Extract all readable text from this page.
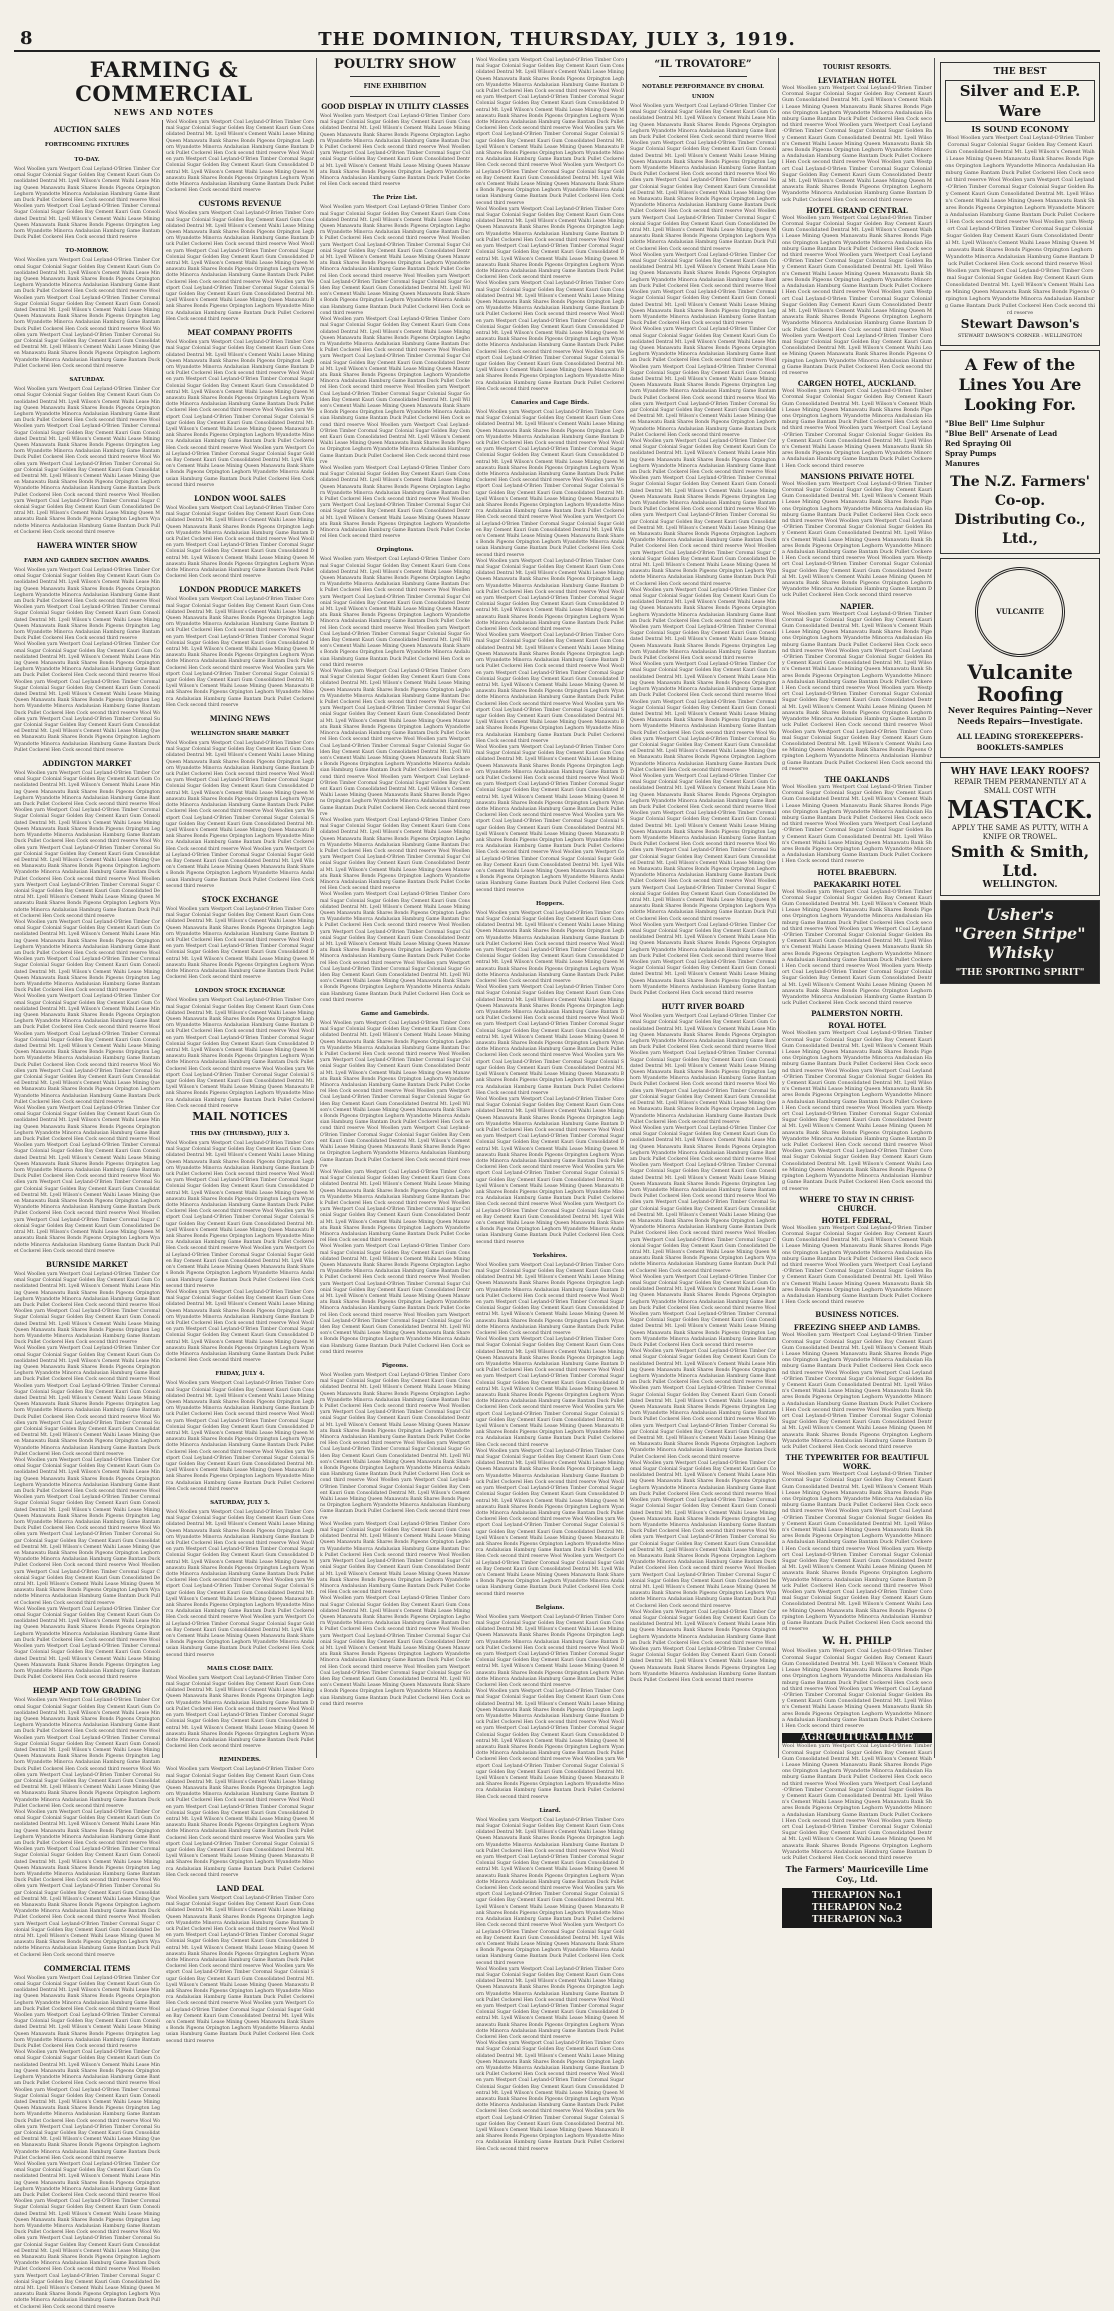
8	THE DOMINION, THURSDAY, JULY 3, 1919.
FARMING & COMMERCIAL
NEWS AND NOTES
AUCTION SALES
FORTHCOMING FIXTURES
TO-DAY.
Wool Woollen yarn Westport Coal Leyland-O'Brien Timber Coromal Sugar Colonial Sugar Golden Bay Cement Kauri Gum Consolidated Dentral Mt. Lyell Wilson's Cement Waihi Lease Mining Queen Manawatu Bank Shares Bonds Pigeons Orpington Leghorn Wyandotte Minorca Andalusian Hamburg Game Bantam Duck Pullet Cockerel Hen Cock second third reserve Wool Woollen yarn Westport Coal Leyland-O'Brien Timber Coromal Sugar Colonial Sugar Golden Bay Cement Kauri Gum Consolidated Dentral Mt. Lyell Wilson's Cement Waihi Lease Mining Queen Manawatu Bank Shares Bonds Pigeons Orpington Leghorn Wyandotte Minorca Andalusian Hamburg Game Bantam Duck Pullet Cockerel Hen Cock second third reserve
TO-MORROW.
Wool Woollen yarn Westport Coal Leyland-O'Brien Timber Coromal Sugar Colonial Sugar Golden Bay Cement Kauri Gum Consolidated Dentral Mt. Lyell Wilson's Cement Waihi Lease Mining Queen Manawatu Bank Shares Bonds Pigeons Orpington Leghorn Wyandotte Minorca Andalusian Hamburg Game Bantam Duck Pullet Cockerel Hen Cock second third reserve Wool Woollen yarn Westport Coal Leyland-O'Brien Timber Coromal Sugar Colonial Sugar Golden Bay Cement Kauri Gum Consolidated Dentral Mt. Lyell Wilson's Cement Waihi Lease Mining Queen Manawatu Bank Shares Bonds Pigeons Orpington Leghorn Wyandotte Minorca Andalusian Hamburg Game Bantam Duck Pullet Cockerel Hen Cock second third reserve Wool Woollen yarn Westport Coal Leyland-O'Brien Timber Coromal Sugar Colonial Sugar Golden Bay Cement Kauri Gum Consolidated Dentral Mt. Lyell Wilson's Cement Waihi Lease Mining Queen Manawatu Bank Shares Bonds Pigeons Orpington Leghorn Wyandotte Minorca Andalusian Hamburg Game Bantam Duck Pullet Cockerel Hen Cock second third reserve
SATURDAY.
Wool Woollen yarn Westport Coal Leyland-O'Brien Timber Coromal Sugar Colonial Sugar Golden Bay Cement Kauri Gum Consolidated Dentral Mt. Lyell Wilson's Cement Waihi Lease Mining Queen Manawatu Bank Shares Bonds Pigeons Orpington Leghorn Wyandotte Minorca Andalusian Hamburg Game Bantam Duck Pullet Cockerel Hen Cock second third reserve Wool Woollen yarn Westport Coal Leyland-O'Brien Timber Coromal Sugar Colonial Sugar Golden Bay Cement Kauri Gum Consolidated Dentral Mt. Lyell Wilson's Cement Waihi Lease Mining Queen Manawatu Bank Shares Bonds Pigeons Orpington Leghorn Wyandotte Minorca Andalusian Hamburg Game Bantam Duck Pullet Cockerel Hen Cock second third reserve Wool Woollen yarn Westport Coal Leyland-O'Brien Timber Coromal Sugar Colonial Sugar Golden Bay Cement Kauri Gum Consolidated Dentral Mt. Lyell Wilson's Cement Waihi Lease Mining Queen Manawatu Bank Shares Bonds Pigeons Orpington Leghorn Wyandotte Minorca Andalusian Hamburg Game Bantam Duck Pullet Cockerel Hen Cock second third reserve Wool Woollen yarn Westport Coal Leyland-O'Brien Timber Coromal Sugar Colonial Sugar Golden Bay Cement Kauri Gum Consolidated Dentral Mt. Lyell Wilson's Cement Waihi Lease Mining Queen Manawatu Bank Shares Bonds Pigeons Orpington Leghorn Wyandotte Minorca Andalusian Hamburg Game Bantam Duck Pullet Cockerel Hen Cock second third reserve
HAWERA WINTER SHOW
FARM AND GARDEN SECTION AWARDS.
Wool Woollen yarn Westport Coal Leyland-O'Brien Timber Coromal Sugar Colonial Sugar Golden Bay Cement Kauri Gum Consolidated Dentral Mt. Lyell Wilson's Cement Waihi Lease Mining Queen Manawatu Bank Shares Bonds Pigeons Orpington Leghorn Wyandotte Minorca Andalusian Hamburg Game Bantam Duck Pullet Cockerel Hen Cock second third reserve Wool Woollen yarn Westport Coal Leyland-O'Brien Timber Coromal Sugar Colonial Sugar Golden Bay Cement Kauri Gum Consolidated Dentral Mt. Lyell Wilson's Cement Waihi Lease Mining Queen Manawatu Bank Shares Bonds Pigeons Orpington Leghorn Wyandotte Minorca Andalusian Hamburg Game Bantam Duck Pullet Cockerel Hen Cock second third reserve
Wool Woollen yarn Westport Coal Leyland-O'Brien Timber Coromal Sugar Colonial Sugar Golden Bay Cement Kauri Gum Consolidated Dentral Mt. Lyell Wilson's Cement Waihi Lease Mining Queen Manawatu Bank Shares Bonds Pigeons Orpington Leghorn Wyandotte Minorca Andalusian Hamburg Game Bantam Duck Pullet Cockerel Hen Cock second third reserve Wool Woollen yarn Westport Coal Leyland-O'Brien Timber Coromal Sugar Colonial Sugar Golden Bay Cement Kauri Gum Consolidated Dentral Mt. Lyell Wilson's Cement Waihi Lease Mining Queen Manawatu Bank Shares Bonds Pigeons Orpington Leghorn Wyandotte Minorca Andalusian Hamburg Game Bantam Duck Pullet Cockerel Hen Cock second third reserve Wool Woollen yarn Westport Coal Leyland-O'Brien Timber Coromal Sugar Colonial Sugar Golden Bay Cement Kauri Gum Consolidated Dentral Mt. Lyell Wilson's Cement Waihi Lease Mining Queen Manawatu Bank Shares Bonds Pigeons Orpington Leghorn Wyandotte Minorca Andalusian Hamburg Game Bantam Duck Pullet Cockerel Hen Cock second third reserve
ADDINGTON MARKET
Wool Woollen yarn Westport Coal Leyland-O'Brien Timber Coromal Sugar Colonial Sugar Golden Bay Cement Kauri Gum Consolidated Dentral Mt. Lyell Wilson's Cement Waihi Lease Mining Queen Manawatu Bank Shares Bonds Pigeons Orpington Leghorn Wyandotte Minorca Andalusian Hamburg Game Bantam Duck Pullet Cockerel Hen Cock second third reserve Wool Woollen yarn Westport Coal Leyland-O'Brien Timber Coromal Sugar Colonial Sugar Golden Bay Cement Kauri Gum Consolidated Dentral Mt. Lyell Wilson's Cement Waihi Lease Mining Queen Manawatu Bank Shares Bonds Pigeons Orpington Leghorn Wyandotte Minorca Andalusian Hamburg Game Bantam Duck Pullet Cockerel Hen Cock second third reserve Wool Woollen yarn Westport Coal Leyland-O'Brien Timber Coromal Sugar Colonial Sugar Golden Bay Cement Kauri Gum Consolidated Dentral Mt. Lyell Wilson's Cement Waihi Lease Mining Queen Manawatu Bank Shares Bonds Pigeons Orpington Leghorn Wyandotte Minorca Andalusian Hamburg Game Bantam Duck Pullet Cockerel Hen Cock second third reserve Wool Woollen yarn Westport Coal Leyland-O'Brien Timber Coromal Sugar Colonial Sugar Golden Bay Cement Kauri Gum Consolidated Dentral Mt. Lyell Wilson's Cement Waihi Lease Mining Queen Manawatu Bank Shares Bonds Pigeons Orpington Leghorn Wyandotte Minorca Andalusian Hamburg Game Bantam Duck Pullet Cockerel Hen Cock second third reserve
Wool Woollen yarn Westport Coal Leyland-O'Brien Timber Coromal Sugar Colonial Sugar Golden Bay Cement Kauri Gum Consolidated Dentral Mt. Lyell Wilson's Cement Waihi Lease Mining Queen Manawatu Bank Shares Bonds Pigeons Orpington Leghorn Wyandotte Minorca Andalusian Hamburg Game Bantam Duck Pullet Cockerel Hen Cock second third reserve Wool Woollen yarn Westport Coal Leyland-O'Brien Timber Coromal Sugar Colonial Sugar Golden Bay Cement Kauri Gum Consolidated Dentral Mt. Lyell Wilson's Cement Waihi Lease Mining Queen Manawatu Bank Shares Bonds Pigeons Orpington Leghorn Wyandotte Minorca Andalusian Hamburg Game Bantam Duck Pullet Cockerel Hen Cock second third reserve
Wool Woollen yarn Westport Coal Leyland-O'Brien Timber Coromal Sugar Colonial Sugar Golden Bay Cement Kauri Gum Consolidated Dentral Mt. Lyell Wilson's Cement Waihi Lease Mining Queen Manawatu Bank Shares Bonds Pigeons Orpington Leghorn Wyandotte Minorca Andalusian Hamburg Game Bantam Duck Pullet Cockerel Hen Cock second third reserve Wool Woollen yarn Westport Coal Leyland-O'Brien Timber Coromal Sugar Colonial Sugar Golden Bay Cement Kauri Gum Consolidated Dentral Mt. Lyell Wilson's Cement Waihi Lease Mining Queen Manawatu Bank Shares Bonds Pigeons Orpington Leghorn Wyandotte Minorca Andalusian Hamburg Game Bantam Duck Pullet Cockerel Hen Cock second third reserve Wool Woollen yarn Westport Coal Leyland-O'Brien Timber Coromal Sugar Colonial Sugar Golden Bay Cement Kauri Gum Consolidated Dentral Mt. Lyell Wilson's Cement Waihi Lease Mining Queen Manawatu Bank Shares Bonds Pigeons Orpington Leghorn Wyandotte Minorca Andalusian Hamburg Game Bantam Duck Pullet Cockerel Hen Cock second third reserve
Wool Woollen yarn Westport Coal Leyland-O'Brien Timber Coromal Sugar Colonial Sugar Golden Bay Cement Kauri Gum Consolidated Dentral Mt. Lyell Wilson's Cement Waihi Lease Mining Queen Manawatu Bank Shares Bonds Pigeons Orpington Leghorn Wyandotte Minorca Andalusian Hamburg Game Bantam Duck Pullet Cockerel Hen Cock second third reserve Wool Woollen yarn Westport Coal Leyland-O'Brien Timber Coromal Sugar Colonial Sugar Golden Bay Cement Kauri Gum Consolidated Dentral Mt. Lyell Wilson's Cement Waihi Lease Mining Queen Manawatu Bank Shares Bonds Pigeons Orpington Leghorn Wyandotte Minorca Andalusian Hamburg Game Bantam Duck Pullet Cockerel Hen Cock second third reserve Wool Woollen yarn Westport Coal Leyland-O'Brien Timber Coromal Sugar Colonial Sugar Golden Bay Cement Kauri Gum Consolidated Dentral Mt. Lyell Wilson's Cement Waihi Lease Mining Queen Manawatu Bank Shares Bonds Pigeons Orpington Leghorn Wyandotte Minorca Andalusian Hamburg Game Bantam Duck Pullet Cockerel Hen Cock second third reserve Wool Woollen yarn Westport Coal Leyland-O'Brien Timber Coromal Sugar Colonial Sugar Golden Bay Cement Kauri Gum Consolidated Dentral Mt. Lyell Wilson's Cement Waihi Lease Mining Queen Manawatu Bank Shares Bonds Pigeons Orpington Leghorn Wyandotte Minorca Andalusian Hamburg Game Bantam Duck Pullet Cockerel Hen Cock second third reserve
BURNSIDE MARKET
Wool Woollen yarn Westport Coal Leyland-O'Brien Timber Coromal Sugar Colonial Sugar Golden Bay Cement Kauri Gum Consolidated Dentral Mt. Lyell Wilson's Cement Waihi Lease Mining Queen Manawatu Bank Shares Bonds Pigeons Orpington Leghorn Wyandotte Minorca Andalusian Hamburg Game Bantam Duck Pullet Cockerel Hen Cock second third reserve Wool Woollen yarn Westport Coal Leyland-O'Brien Timber Coromal Sugar Colonial Sugar Golden Bay Cement Kauri Gum Consolidated Dentral Mt. Lyell Wilson's Cement Waihi Lease Mining Queen Manawatu Bank Shares Bonds Pigeons Orpington Leghorn Wyandotte Minorca Andalusian Hamburg Game Bantam Duck Pullet Cockerel Hen Cock second third reserve
Wool Woollen yarn Westport Coal Leyland-O'Brien Timber Coromal Sugar Colonial Sugar Golden Bay Cement Kauri Gum Consolidated Dentral Mt. Lyell Wilson's Cement Waihi Lease Mining Queen Manawatu Bank Shares Bonds Pigeons Orpington Leghorn Wyandotte Minorca Andalusian Hamburg Game Bantam Duck Pullet Cockerel Hen Cock second third reserve Wool Woollen yarn Westport Coal Leyland-O'Brien Timber Coromal Sugar Colonial Sugar Golden Bay Cement Kauri Gum Consolidated Dentral Mt. Lyell Wilson's Cement Waihi Lease Mining Queen Manawatu Bank Shares Bonds Pigeons Orpington Leghorn Wyandotte Minorca Andalusian Hamburg Game Bantam Duck Pullet Cockerel Hen Cock second third reserve Wool Woollen yarn Westport Coal Leyland-O'Brien Timber Coromal Sugar Colonial Sugar Golden Bay Cement Kauri Gum Consolidated Dentral Mt. Lyell Wilson's Cement Waihi Lease Mining Queen Manawatu Bank Shares Bonds Pigeons Orpington Leghorn Wyandotte Minorca Andalusian Hamburg Game Bantam Duck Pullet Cockerel Hen Cock second third reserve
Wool Woollen yarn Westport Coal Leyland-O'Brien Timber Coromal Sugar Colonial Sugar Golden Bay Cement Kauri Gum Consolidated Dentral Mt. Lyell Wilson's Cement Waihi Lease Mining Queen Manawatu Bank Shares Bonds Pigeons Orpington Leghorn Wyandotte Minorca Andalusian Hamburg Game Bantam Duck Pullet Cockerel Hen Cock second third reserve Wool Woollen yarn Westport Coal Leyland-O'Brien Timber Coromal Sugar Colonial Sugar Golden Bay Cement Kauri Gum Consolidated Dentral Mt. Lyell Wilson's Cement Waihi Lease Mining Queen Manawatu Bank Shares Bonds Pigeons Orpington Leghorn Wyandotte Minorca Andalusian Hamburg Game Bantam Duck Pullet Cockerel Hen Cock second third reserve Wool Woollen yarn Westport Coal Leyland-O'Brien Timber Coromal Sugar Colonial Sugar Golden Bay Cement Kauri Gum Consolidated Dentral Mt. Lyell Wilson's Cement Waihi Lease Mining Queen Manawatu Bank Shares Bonds Pigeons Orpington Leghorn Wyandotte Minorca Andalusian Hamburg Game Bantam Duck Pullet Cockerel Hen Cock second third reserve Wool Woollen yarn Westport Coal Leyland-O'Brien Timber Coromal Sugar Colonial Sugar Golden Bay Cement Kauri Gum Consolidated Dentral Mt. Lyell Wilson's Cement Waihi Lease Mining Queen Manawatu Bank Shares Bonds Pigeons Orpington Leghorn Wyandotte Minorca Andalusian Hamburg Game Bantam Duck Pullet Cockerel Hen Cock second third reserve
Wool Woollen yarn Westport Coal Leyland-O'Brien Timber Coromal Sugar Colonial Sugar Golden Bay Cement Kauri Gum Consolidated Dentral Mt. Lyell Wilson's Cement Waihi Lease Mining Queen Manawatu Bank Shares Bonds Pigeons Orpington Leghorn Wyandotte Minorca Andalusian Hamburg Game Bantam Duck Pullet Cockerel Hen Cock second third reserve Wool Woollen yarn Westport Coal Leyland-O'Brien Timber Coromal Sugar Colonial Sugar Golden Bay Cement Kauri Gum Consolidated Dentral Mt. Lyell Wilson's Cement Waihi Lease Mining Queen Manawatu Bank Shares Bonds Pigeons Orpington Leghorn Wyandotte Minorca Andalusian Hamburg Game Bantam Duck Pullet Cockerel Hen Cock second third reserve
HEMP AND TOW GRADING
Wool Woollen yarn Westport Coal Leyland-O'Brien Timber Coromal Sugar Colonial Sugar Golden Bay Cement Kauri Gum Consolidated Dentral Mt. Lyell Wilson's Cement Waihi Lease Mining Queen Manawatu Bank Shares Bonds Pigeons Orpington Leghorn Wyandotte Minorca Andalusian Hamburg Game Bantam Duck Pullet Cockerel Hen Cock second third reserve Wool Woollen yarn Westport Coal Leyland-O'Brien Timber Coromal Sugar Colonial Sugar Golden Bay Cement Kauri Gum Consolidated Dentral Mt. Lyell Wilson's Cement Waihi Lease Mining Queen Manawatu Bank Shares Bonds Pigeons Orpington Leghorn Wyandotte Minorca Andalusian Hamburg Game Bantam Duck Pullet Cockerel Hen Cock second third reserve Wool Woollen yarn Westport Coal Leyland-O'Brien Timber Coromal Sugar Colonial Sugar Golden Bay Cement Kauri Gum Consolidated Dentral Mt. Lyell Wilson's Cement Waihi Lease Mining Queen Manawatu Bank Shares Bonds Pigeons Orpington Leghorn Wyandotte Minorca Andalusian Hamburg Game Bantam Duck Pullet Cockerel Hen Cock second third reserve
Wool Woollen yarn Westport Coal Leyland-O'Brien Timber Coromal Sugar Colonial Sugar Golden Bay Cement Kauri Gum Consolidated Dentral Mt. Lyell Wilson's Cement Waihi Lease Mining Queen Manawatu Bank Shares Bonds Pigeons Orpington Leghorn Wyandotte Minorca Andalusian Hamburg Game Bantam Duck Pullet Cockerel Hen Cock second third reserve Wool Woollen yarn Westport Coal Leyland-O'Brien Timber Coromal Sugar Colonial Sugar Golden Bay Cement Kauri Gum Consolidated Dentral Mt. Lyell Wilson's Cement Waihi Lease Mining Queen Manawatu Bank Shares Bonds Pigeons Orpington Leghorn Wyandotte Minorca Andalusian Hamburg Game Bantam Duck Pullet Cockerel Hen Cock second third reserve Wool Woollen yarn Westport Coal Leyland-O'Brien Timber Coromal Sugar Colonial Sugar Golden Bay Cement Kauri Gum Consolidated Dentral Mt. Lyell Wilson's Cement Waihi Lease Mining Queen Manawatu Bank Shares Bonds Pigeons Orpington Leghorn Wyandotte Minorca Andalusian Hamburg Game Bantam Duck Pullet Cockerel Hen Cock second third reserve Wool Woollen yarn Westport Coal Leyland-O'Brien Timber Coromal Sugar Colonial Sugar Golden Bay Cement Kauri Gum Consolidated Dentral Mt. Lyell Wilson's Cement Waihi Lease Mining Queen Manawatu Bank Shares Bonds Pigeons Orpington Leghorn Wyandotte Minorca Andalusian Hamburg Game Bantam Duck Pullet Cockerel Hen Cock second third reserve
COMMERCIAL ITEMS
Wool Woollen yarn Westport Coal Leyland-O'Brien Timber Coromal Sugar Colonial Sugar Golden Bay Cement Kauri Gum Consolidated Dentral Mt. Lyell Wilson's Cement Waihi Lease Mining Queen Manawatu Bank Shares Bonds Pigeons Orpington Leghorn Wyandotte Minorca Andalusian Hamburg Game Bantam Duck Pullet Cockerel Hen Cock second third reserve Wool Woollen yarn Westport Coal Leyland-O'Brien Timber Coromal Sugar Colonial Sugar Golden Bay Cement Kauri Gum Consolidated Dentral Mt. Lyell Wilson's Cement Waihi Lease Mining Queen Manawatu Bank Shares Bonds Pigeons Orpington Leghorn Wyandotte Minorca Andalusian Hamburg Game Bantam Duck Pullet Cockerel Hen Cock second third reserve
Wool Woollen yarn Westport Coal Leyland-O'Brien Timber Coromal Sugar Colonial Sugar Golden Bay Cement Kauri Gum Consolidated Dentral Mt. Lyell Wilson's Cement Waihi Lease Mining Queen Manawatu Bank Shares Bonds Pigeons Orpington Leghorn Wyandotte Minorca Andalusian Hamburg Game Bantam Duck Pullet Cockerel Hen Cock second third reserve Wool Woollen yarn Westport Coal Leyland-O'Brien Timber Coromal Sugar Colonial Sugar Golden Bay Cement Kauri Gum Consolidated Dentral Mt. Lyell Wilson's Cement Waihi Lease Mining Queen Manawatu Bank Shares Bonds Pigeons Orpington Leghorn Wyandotte Minorca Andalusian Hamburg Game Bantam Duck Pullet Cockerel Hen Cock second third reserve Wool Woollen yarn Westport Coal Leyland-O'Brien Timber Coromal Sugar Colonial Sugar Golden Bay Cement Kauri Gum Consolidated Dentral Mt. Lyell Wilson's Cement Waihi Lease Mining Queen Manawatu Bank Shares Bonds Pigeons Orpington Leghorn Wyandotte Minorca Andalusian Hamburg Game Bantam Duck Pullet Cockerel Hen Cock second third reserve
Wool Woollen yarn Westport Coal Leyland-O'Brien Timber Coromal Sugar Colonial Sugar Golden Bay Cement Kauri Gum Consolidated Dentral Mt. Lyell Wilson's Cement Waihi Lease Mining Queen Manawatu Bank Shares Bonds Pigeons Orpington Leghorn Wyandotte Minorca Andalusian Hamburg Game Bantam Duck Pullet Cockerel Hen Cock second third reserve Wool Woollen yarn Westport Coal Leyland-O'Brien Timber Coromal Sugar Colonial Sugar Golden Bay Cement Kauri Gum Consolidated Dentral Mt. Lyell Wilson's Cement Waihi Lease Mining Queen Manawatu Bank Shares Bonds Pigeons Orpington Leghorn Wyandotte Minorca Andalusian Hamburg Game Bantam Duck Pullet Cockerel Hen Cock second third reserve Wool Woollen yarn Westport Coal Leyland-O'Brien Timber Coromal Sugar Colonial Sugar Golden Bay Cement Kauri Gum Consolidated Dentral Mt. Lyell Wilson's Cement Waihi Lease Mining Queen Manawatu Bank Shares Bonds Pigeons Orpington Leghorn Wyandotte Minorca Andalusian Hamburg Game Bantam Duck Pullet Cockerel Hen Cock second third reserve Wool Woollen yarn Westport Coal Leyland-O'Brien Timber Coromal Sugar Colonial Sugar Golden Bay Cement Kauri Gum Consolidated Dentral Mt. Lyell Wilson's Cement Waihi Lease Mining Queen Manawatu Bank Shares Bonds Pigeons Orpington Leghorn Wyandotte Minorca Andalusian Hamburg Game Bantam Duck Pullet Cockerel Hen Cock second third reserve
Wool Woollen yarn Westport Coal Leyland-O'Brien Timber Coromal Sugar Colonial Sugar Golden Bay Cement Kauri Gum Consolidated Dentral Mt. Lyell Wilson's Cement Waihi Lease Mining Queen Manawatu Bank Shares Bonds Pigeons Orpington Leghorn Wyandotte Minorca Andalusian Hamburg Game Bantam Duck Pullet Cockerel Hen Cock second third reserve Wool Woollen yarn Westport Coal Leyland-O'Brien Timber Coromal Sugar Colonial Sugar Golden Bay Cement Kauri Gum Consolidated Dentral Mt. Lyell Wilson's Cement Waihi Lease Mining Queen Manawatu Bank Shares Bonds Pigeons Orpington Leghorn Wyandotte Minorca Andalusian Hamburg Game Bantam Duck Pullet Cockerel Hen Cock second third reserve
CUSTOMS REVENUE
Wool Woollen yarn Westport Coal Leyland-O'Brien Timber Coromal Sugar Colonial Sugar Golden Bay Cement Kauri Gum Consolidated Dentral Mt. Lyell Wilson's Cement Waihi Lease Mining Queen Manawatu Bank Shares Bonds Pigeons Orpington Leghorn Wyandotte Minorca Andalusian Hamburg Game Bantam Duck Pullet Cockerel Hen Cock second third reserve Wool Woollen yarn Westport Coal Leyland-O'Brien Timber Coromal Sugar Colonial Sugar Golden Bay Cement Kauri Gum Consolidated Dentral Mt. Lyell Wilson's Cement Waihi Lease Mining Queen Manawatu Bank Shares Bonds Pigeons Orpington Leghorn Wyandotte Minorca Andalusian Hamburg Game Bantam Duck Pullet Cockerel Hen Cock second third reserve Wool Woollen yarn Westport Coal Leyland-O'Brien Timber Coromal Sugar Colonial Sugar Golden Bay Cement Kauri Gum Consolidated Dentral Mt. Lyell Wilson's Cement Waihi Lease Mining Queen Manawatu Bank Shares Bonds Pigeons Orpington Leghorn Wyandotte Minorca Andalusian Hamburg Game Bantam Duck Pullet Cockerel Hen Cock second third reserve
MEAT COMPANY PROFITS
Wool Woollen yarn Westport Coal Leyland-O'Brien Timber Coromal Sugar Colonial Sugar Golden Bay Cement Kauri Gum Consolidated Dentral Mt. Lyell Wilson's Cement Waihi Lease Mining Queen Manawatu Bank Shares Bonds Pigeons Orpington Leghorn Wyandotte Minorca Andalusian Hamburg Game Bantam Duck Pullet Cockerel Hen Cock second third reserve Wool Woollen yarn Westport Coal Leyland-O'Brien Timber Coromal Sugar Colonial Sugar Golden Bay Cement Kauri Gum Consolidated Dentral Mt. Lyell Wilson's Cement Waihi Lease Mining Queen Manawatu Bank Shares Bonds Pigeons Orpington Leghorn Wyandotte Minorca Andalusian Hamburg Game Bantam Duck Pullet Cockerel Hen Cock second third reserve Wool Woollen yarn Westport Coal Leyland-O'Brien Timber Coromal Sugar Colonial Sugar Golden Bay Cement Kauri Gum Consolidated Dentral Mt. Lyell Wilson's Cement Waihi Lease Mining Queen Manawatu Bank Shares Bonds Pigeons Orpington Leghorn Wyandotte Minorca Andalusian Hamburg Game Bantam Duck Pullet Cockerel Hen Cock second third reserve Wool Woollen yarn Westport Coal Leyland-O'Brien Timber Coromal Sugar Colonial Sugar Golden Bay Cement Kauri Gum Consolidated Dentral Mt. Lyell Wilson's Cement Waihi Lease Mining Queen Manawatu Bank Shares Bonds Pigeons Orpington Leghorn Wyandotte Minorca Andalusian Hamburg Game Bantam Duck Pullet Cockerel Hen Cock second third reserve
LONDON WOOL SALES
Wool Woollen yarn Westport Coal Leyland-O'Brien Timber Coromal Sugar Colonial Sugar Golden Bay Cement Kauri Gum Consolidated Dentral Mt. Lyell Wilson's Cement Waihi Lease Mining Queen Manawatu Bank Shares Bonds Pigeons Orpington Leghorn Wyandotte Minorca Andalusian Hamburg Game Bantam Duck Pullet Cockerel Hen Cock second third reserve Wool Woollen yarn Westport Coal Leyland-O'Brien Timber Coromal Sugar Colonial Sugar Golden Bay Cement Kauri Gum Consolidated Dentral Mt. Lyell Wilson's Cement Waihi Lease Mining Queen Manawatu Bank Shares Bonds Pigeons Orpington Leghorn Wyandotte Minorca Andalusian Hamburg Game Bantam Duck Pullet Cockerel Hen Cock second third reserve
LONDON PRODUCE MARKETS
Wool Woollen yarn Westport Coal Leyland-O'Brien Timber Coromal Sugar Colonial Sugar Golden Bay Cement Kauri Gum Consolidated Dentral Mt. Lyell Wilson's Cement Waihi Lease Mining Queen Manawatu Bank Shares Bonds Pigeons Orpington Leghorn Wyandotte Minorca Andalusian Hamburg Game Bantam Duck Pullet Cockerel Hen Cock second third reserve Wool Woollen yarn Westport Coal Leyland-O'Brien Timber Coromal Sugar Colonial Sugar Golden Bay Cement Kauri Gum Consolidated Dentral Mt. Lyell Wilson's Cement Waihi Lease Mining Queen Manawatu Bank Shares Bonds Pigeons Orpington Leghorn Wyandotte Minorca Andalusian Hamburg Game Bantam Duck Pullet Cockerel Hen Cock second third reserve Wool Woollen yarn Westport Coal Leyland-O'Brien Timber Coromal Sugar Colonial Sugar Golden Bay Cement Kauri Gum Consolidated Dentral Mt. Lyell Wilson's Cement Waihi Lease Mining Queen Manawatu Bank Shares Bonds Pigeons Orpington Leghorn Wyandotte Minorca Andalusian Hamburg Game Bantam Duck Pullet Cockerel Hen Cock second third reserve
MINING NEWS
WELLINGTON SHARE MARKET
Wool Woollen yarn Westport Coal Leyland-O'Brien Timber Coromal Sugar Colonial Sugar Golden Bay Cement Kauri Gum Consolidated Dentral Mt. Lyell Wilson's Cement Waihi Lease Mining Queen Manawatu Bank Shares Bonds Pigeons Orpington Leghorn Wyandotte Minorca Andalusian Hamburg Game Bantam Duck Pullet Cockerel Hen Cock second third reserve Wool Woollen yarn Westport Coal Leyland-O'Brien Timber Coromal Sugar Colonial Sugar Golden Bay Cement Kauri Gum Consolidated Dentral Mt. Lyell Wilson's Cement Waihi Lease Mining Queen Manawatu Bank Shares Bonds Pigeons Orpington Leghorn Wyandotte Minorca Andalusian Hamburg Game Bantam Duck Pullet Cockerel Hen Cock second third reserve Wool Woollen yarn Westport Coal Leyland-O'Brien Timber Coromal Sugar Colonial Sugar Golden Bay Cement Kauri Gum Consolidated Dentral Mt. Lyell Wilson's Cement Waihi Lease Mining Queen Manawatu Bank Shares Bonds Pigeons Orpington Leghorn Wyandotte Minorca Andalusian Hamburg Game Bantam Duck Pullet Cockerel Hen Cock second third reserve Wool Woollen yarn Westport Coal Leyland-O'Brien Timber Coromal Sugar Colonial Sugar Golden Bay Cement Kauri Gum Consolidated Dentral Mt. Lyell Wilson's Cement Waihi Lease Mining Queen Manawatu Bank Shares Bonds Pigeons Orpington Leghorn Wyandotte Minorca Andalusian Hamburg Game Bantam Duck Pullet Cockerel Hen Cock second third reserve
STOCK EXCHANGE
Wool Woollen yarn Westport Coal Leyland-O'Brien Timber Coromal Sugar Colonial Sugar Golden Bay Cement Kauri Gum Consolidated Dentral Mt. Lyell Wilson's Cement Waihi Lease Mining Queen Manawatu Bank Shares Bonds Pigeons Orpington Leghorn Wyandotte Minorca Andalusian Hamburg Game Bantam Duck Pullet Cockerel Hen Cock second third reserve Wool Woollen yarn Westport Coal Leyland-O'Brien Timber Coromal Sugar Colonial Sugar Golden Bay Cement Kauri Gum Consolidated Dentral Mt. Lyell Wilson's Cement Waihi Lease Mining Queen Manawatu Bank Shares Bonds Pigeons Orpington Leghorn Wyandotte Minorca Andalusian Hamburg Game Bantam Duck Pullet Cockerel Hen Cock second third reserve
LONDON STOCK EXCHANGE
Wool Woollen yarn Westport Coal Leyland-O'Brien Timber Coromal Sugar Colonial Sugar Golden Bay Cement Kauri Gum Consolidated Dentral Mt. Lyell Wilson's Cement Waihi Lease Mining Queen Manawatu Bank Shares Bonds Pigeons Orpington Leghorn Wyandotte Minorca Andalusian Hamburg Game Bantam Duck Pullet Cockerel Hen Cock second third reserve Wool Woollen yarn Westport Coal Leyland-O'Brien Timber Coromal Sugar Colonial Sugar Golden Bay Cement Kauri Gum Consolidated Dentral Mt. Lyell Wilson's Cement Waihi Lease Mining Queen Manawatu Bank Shares Bonds Pigeons Orpington Leghorn Wyandotte Minorca Andalusian Hamburg Game Bantam Duck Pullet Cockerel Hen Cock second third reserve Wool Woollen yarn Westport Coal Leyland-O'Brien Timber Coromal Sugar Colonial Sugar Golden Bay Cement Kauri Gum Consolidated Dentral Mt. Lyell Wilson's Cement Waihi Lease Mining Queen Manawatu Bank Shares Bonds Pigeons Orpington Leghorn Wyandotte Minorca Andalusian Hamburg Game Bantam Duck Pullet Cockerel Hen Cock second third reserve
MAIL NOTICES
THIS DAY (THURSDAY), JULY 3.
Wool Woollen yarn Westport Coal Leyland-O'Brien Timber Coromal Sugar Colonial Sugar Golden Bay Cement Kauri Gum Consolidated Dentral Mt. Lyell Wilson's Cement Waihi Lease Mining Queen Manawatu Bank Shares Bonds Pigeons Orpington Leghorn Wyandotte Minorca Andalusian Hamburg Game Bantam Duck Pullet Cockerel Hen Cock second third reserve Wool Woollen yarn Westport Coal Leyland-O'Brien Timber Coromal Sugar Colonial Sugar Golden Bay Cement Kauri Gum Consolidated Dentral Mt. Lyell Wilson's Cement Waihi Lease Mining Queen Manawatu Bank Shares Bonds Pigeons Orpington Leghorn Wyandotte Minorca Andalusian Hamburg Game Bantam Duck Pullet Cockerel Hen Cock second third reserve Wool Woollen yarn Westport Coal Leyland-O'Brien Timber Coromal Sugar Colonial Sugar Golden Bay Cement Kauri Gum Consolidated Dentral Mt. Lyell Wilson's Cement Waihi Lease Mining Queen Manawatu Bank Shares Bonds Pigeons Orpington Leghorn Wyandotte Minorca Andalusian Hamburg Game Bantam Duck Pullet Cockerel Hen Cock second third reserve Wool Woollen yarn Westport Coal Leyland-O'Brien Timber Coromal Sugar Colonial Sugar Golden Bay Cement Kauri Gum Consolidated Dentral Mt. Lyell Wilson's Cement Waihi Lease Mining Queen Manawatu Bank Shares Bonds Pigeons Orpington Leghorn Wyandotte Minorca Andalusian Hamburg Game Bantam Duck Pullet Cockerel Hen Cock second third reserve
Wool Woollen yarn Westport Coal Leyland-O'Brien Timber Coromal Sugar Colonial Sugar Golden Bay Cement Kauri Gum Consolidated Dentral Mt. Lyell Wilson's Cement Waihi Lease Mining Queen Manawatu Bank Shares Bonds Pigeons Orpington Leghorn Wyandotte Minorca Andalusian Hamburg Game Bantam Duck Pullet Cockerel Hen Cock second third reserve Wool Woollen yarn Westport Coal Leyland-O'Brien Timber Coromal Sugar Colonial Sugar Golden Bay Cement Kauri Gum Consolidated Dentral Mt. Lyell Wilson's Cement Waihi Lease Mining Queen Manawatu Bank Shares Bonds Pigeons Orpington Leghorn Wyandotte Minorca Andalusian Hamburg Game Bantam Duck Pullet Cockerel Hen Cock second third reserve
FRIDAY, JULY 4.
Wool Woollen yarn Westport Coal Leyland-O'Brien Timber Coromal Sugar Colonial Sugar Golden Bay Cement Kauri Gum Consolidated Dentral Mt. Lyell Wilson's Cement Waihi Lease Mining Queen Manawatu Bank Shares Bonds Pigeons Orpington Leghorn Wyandotte Minorca Andalusian Hamburg Game Bantam Duck Pullet Cockerel Hen Cock second third reserve Wool Woollen yarn Westport Coal Leyland-O'Brien Timber Coromal Sugar Colonial Sugar Golden Bay Cement Kauri Gum Consolidated Dentral Mt. Lyell Wilson's Cement Waihi Lease Mining Queen Manawatu Bank Shares Bonds Pigeons Orpington Leghorn Wyandotte Minorca Andalusian Hamburg Game Bantam Duck Pullet Cockerel Hen Cock second third reserve Wool Woollen yarn Westport Coal Leyland-O'Brien Timber Coromal Sugar Colonial Sugar Golden Bay Cement Kauri Gum Consolidated Dentral Mt. Lyell Wilson's Cement Waihi Lease Mining Queen Manawatu Bank Shares Bonds Pigeons Orpington Leghorn Wyandotte Minorca Andalusian Hamburg Game Bantam Duck Pullet Cockerel Hen Cock second third reserve
SATURDAY, JULY 5.
Wool Woollen yarn Westport Coal Leyland-O'Brien Timber Coromal Sugar Colonial Sugar Golden Bay Cement Kauri Gum Consolidated Dentral Mt. Lyell Wilson's Cement Waihi Lease Mining Queen Manawatu Bank Shares Bonds Pigeons Orpington Leghorn Wyandotte Minorca Andalusian Hamburg Game Bantam Duck Pullet Cockerel Hen Cock second third reserve Wool Woollen yarn Westport Coal Leyland-O'Brien Timber Coromal Sugar Colonial Sugar Golden Bay Cement Kauri Gum Consolidated Dentral Mt. Lyell Wilson's Cement Waihi Lease Mining Queen Manawatu Bank Shares Bonds Pigeons Orpington Leghorn Wyandotte Minorca Andalusian Hamburg Game Bantam Duck Pullet Cockerel Hen Cock second third reserve Wool Woollen yarn Westport Coal Leyland-O'Brien Timber Coromal Sugar Colonial Sugar Golden Bay Cement Kauri Gum Consolidated Dentral Mt. Lyell Wilson's Cement Waihi Lease Mining Queen Manawatu Bank Shares Bonds Pigeons Orpington Leghorn Wyandotte Minorca Andalusian Hamburg Game Bantam Duck Pullet Cockerel Hen Cock second third reserve Wool Woollen yarn Westport Coal Leyland-O'Brien Timber Coromal Sugar Colonial Sugar Golden Bay Cement Kauri Gum Consolidated Dentral Mt. Lyell Wilson's Cement Waihi Lease Mining Queen Manawatu Bank Shares Bonds Pigeons Orpington Leghorn Wyandotte Minorca Andalusian Hamburg Game Bantam Duck Pullet Cockerel Hen Cock second third reserve
MAILS CLOSE DAILY.
Wool Woollen yarn Westport Coal Leyland-O'Brien Timber Coromal Sugar Colonial Sugar Golden Bay Cement Kauri Gum Consolidated Dentral Mt. Lyell Wilson's Cement Waihi Lease Mining Queen Manawatu Bank Shares Bonds Pigeons Orpington Leghorn Wyandotte Minorca Andalusian Hamburg Game Bantam Duck Pullet Cockerel Hen Cock second third reserve Wool Woollen yarn Westport Coal Leyland-O'Brien Timber Coromal Sugar Colonial Sugar Golden Bay Cement Kauri Gum Consolidated Dentral Mt. Lyell Wilson's Cement Waihi Lease Mining Queen Manawatu Bank Shares Bonds Pigeons Orpington Leghorn Wyandotte Minorca Andalusian Hamburg Game Bantam Duck Pullet Cockerel Hen Cock second third reserve
REMINDERS.
Wool Woollen yarn Westport Coal Leyland-O'Brien Timber Coromal Sugar Colonial Sugar Golden Bay Cement Kauri Gum Consolidated Dentral Mt. Lyell Wilson's Cement Waihi Lease Mining Queen Manawatu Bank Shares Bonds Pigeons Orpington Leghorn Wyandotte Minorca Andalusian Hamburg Game Bantam Duck Pullet Cockerel Hen Cock second third reserve Wool Woollen yarn Westport Coal Leyland-O'Brien Timber Coromal Sugar Colonial Sugar Golden Bay Cement Kauri Gum Consolidated Dentral Mt. Lyell Wilson's Cement Waihi Lease Mining Queen Manawatu Bank Shares Bonds Pigeons Orpington Leghorn Wyandotte Minorca Andalusian Hamburg Game Bantam Duck Pullet Cockerel Hen Cock second third reserve Wool Woollen yarn Westport Coal Leyland-O'Brien Timber Coromal Sugar Colonial Sugar Golden Bay Cement Kauri Gum Consolidated Dentral Mt. Lyell Wilson's Cement Waihi Lease Mining Queen Manawatu Bank Shares Bonds Pigeons Orpington Leghorn Wyandotte Minorca Andalusian Hamburg Game Bantam Duck Pullet Cockerel Hen Cock second third reserve
LAND DEAL
Wool Woollen yarn Westport Coal Leyland-O'Brien Timber Coromal Sugar Colonial Sugar Golden Bay Cement Kauri Gum Consolidated Dentral Mt. Lyell Wilson's Cement Waihi Lease Mining Queen Manawatu Bank Shares Bonds Pigeons Orpington Leghorn Wyandotte Minorca Andalusian Hamburg Game Bantam Duck Pullet Cockerel Hen Cock second third reserve Wool Woollen yarn Westport Coal Leyland-O'Brien Timber Coromal Sugar Colonial Sugar Golden Bay Cement Kauri Gum Consolidated Dentral Mt. Lyell Wilson's Cement Waihi Lease Mining Queen Manawatu Bank Shares Bonds Pigeons Orpington Leghorn Wyandotte Minorca Andalusian Hamburg Game Bantam Duck Pullet Cockerel Hen Cock second third reserve Wool Woollen yarn Westport Coal Leyland-O'Brien Timber Coromal Sugar Colonial Sugar Golden Bay Cement Kauri Gum Consolidated Dentral Mt. Lyell Wilson's Cement Waihi Lease Mining Queen Manawatu Bank Shares Bonds Pigeons Orpington Leghorn Wyandotte Minorca Andalusian Hamburg Game Bantam Duck Pullet Cockerel Hen Cock second third reserve Wool Woollen yarn Westport Coal Leyland-O'Brien Timber Coromal Sugar Colonial Sugar Golden Bay Cement Kauri Gum Consolidated Dentral Mt. Lyell Wilson's Cement Waihi Lease Mining Queen Manawatu Bank Shares Bonds Pigeons Orpington Leghorn Wyandotte Minorca Andalusian Hamburg Game Bantam Duck Pullet Cockerel Hen Cock second third reserve
POULTRY SHOW
FINE EXHIBITION
GOOD DISPLAY IN UTILITY CLASSES
Wool Woollen yarn Westport Coal Leyland-O'Brien Timber Coromal Sugar Colonial Sugar Golden Bay Cement Kauri Gum Consolidated Dentral Mt. Lyell Wilson's Cement Waihi Lease Mining Queen Manawatu Bank Shares Bonds Pigeons Orpington Leghorn Wyandotte Minorca Andalusian Hamburg Game Bantam Duck Pullet Cockerel Hen Cock second third reserve Wool Woollen yarn Westport Coal Leyland-O'Brien Timber Coromal Sugar Colonial Sugar Golden Bay Cement Kauri Gum Consolidated Dentral Mt. Lyell Wilson's Cement Waihi Lease Mining Queen Manawatu Bank Shares Bonds Pigeons Orpington Leghorn Wyandotte Minorca Andalusian Hamburg Game Bantam Duck Pullet Cockerel Hen Cock second third reserve
The Prize List.
Wool Woollen yarn Westport Coal Leyland-O'Brien Timber Coromal Sugar Colonial Sugar Golden Bay Cement Kauri Gum Consolidated Dentral Mt. Lyell Wilson's Cement Waihi Lease Mining Queen Manawatu Bank Shares Bonds Pigeons Orpington Leghorn Wyandotte Minorca Andalusian Hamburg Game Bantam Duck Pullet Cockerel Hen Cock second third reserve Wool Woollen yarn Westport Coal Leyland-O'Brien Timber Coromal Sugar Colonial Sugar Golden Bay Cement Kauri Gum Consolidated Dentral Mt. Lyell Wilson's Cement Waihi Lease Mining Queen Manawatu Bank Shares Bonds Pigeons Orpington Leghorn Wyandotte Minorca Andalusian Hamburg Game Bantam Duck Pullet Cockerel Hen Cock second third reserve Wool Woollen yarn Westport Coal Leyland-O'Brien Timber Coromal Sugar Colonial Sugar Golden Bay Cement Kauri Gum Consolidated Dentral Mt. Lyell Wilson's Cement Waihi Lease Mining Queen Manawatu Bank Shares Bonds Pigeons Orpington Leghorn Wyandotte Minorca Andalusian Hamburg Game Bantam Duck Pullet Cockerel Hen Cock second third reserve
Wool Woollen yarn Westport Coal Leyland-O'Brien Timber Coromal Sugar Colonial Sugar Golden Bay Cement Kauri Gum Consolidated Dentral Mt. Lyell Wilson's Cement Waihi Lease Mining Queen Manawatu Bank Shares Bonds Pigeons Orpington Leghorn Wyandotte Minorca Andalusian Hamburg Game Bantam Duck Pullet Cockerel Hen Cock second third reserve Wool Woollen yarn Westport Coal Leyland-O'Brien Timber Coromal Sugar Colonial Sugar Golden Bay Cement Kauri Gum Consolidated Dentral Mt. Lyell Wilson's Cement Waihi Lease Mining Queen Manawatu Bank Shares Bonds Pigeons Orpington Leghorn Wyandotte Minorca Andalusian Hamburg Game Bantam Duck Pullet Cockerel Hen Cock second third reserve Wool Woollen yarn Westport Coal Leyland-O'Brien Timber Coromal Sugar Colonial Sugar Golden Bay Cement Kauri Gum Consolidated Dentral Mt. Lyell Wilson's Cement Waihi Lease Mining Queen Manawatu Bank Shares Bonds Pigeons Orpington Leghorn Wyandotte Minorca Andalusian Hamburg Game Bantam Duck Pullet Cockerel Hen Cock second third reserve Wool Woollen yarn Westport Coal Leyland-O'Brien Timber Coromal Sugar Colonial Sugar Golden Bay Cement Kauri Gum Consolidated Dentral Mt. Lyell Wilson's Cement Waihi Lease Mining Queen Manawatu Bank Shares Bonds Pigeons Orpington Leghorn Wyandotte Minorca Andalusian Hamburg Game Bantam Duck Pullet Cockerel Hen Cock second third reserve
Wool Woollen yarn Westport Coal Leyland-O'Brien Timber Coromal Sugar Colonial Sugar Golden Bay Cement Kauri Gum Consolidated Dentral Mt. Lyell Wilson's Cement Waihi Lease Mining Queen Manawatu Bank Shares Bonds Pigeons Orpington Leghorn Wyandotte Minorca Andalusian Hamburg Game Bantam Duck Pullet Cockerel Hen Cock second third reserve Wool Woollen yarn Westport Coal Leyland-O'Brien Timber Coromal Sugar Colonial Sugar Golden Bay Cement Kauri Gum Consolidated Dentral Mt. Lyell Wilson's Cement Waihi Lease Mining Queen Manawatu Bank Shares Bonds Pigeons Orpington Leghorn Wyandotte Minorca Andalusian Hamburg Game Bantam Duck Pullet Cockerel Hen Cock second third reserve
Orpingtons.
Wool Woollen yarn Westport Coal Leyland-O'Brien Timber Coromal Sugar Colonial Sugar Golden Bay Cement Kauri Gum Consolidated Dentral Mt. Lyell Wilson's Cement Waihi Lease Mining Queen Manawatu Bank Shares Bonds Pigeons Orpington Leghorn Wyandotte Minorca Andalusian Hamburg Game Bantam Duck Pullet Cockerel Hen Cock second third reserve Wool Woollen yarn Westport Coal Leyland-O'Brien Timber Coromal Sugar Colonial Sugar Golden Bay Cement Kauri Gum Consolidated Dentral Mt. Lyell Wilson's Cement Waihi Lease Mining Queen Manawatu Bank Shares Bonds Pigeons Orpington Leghorn Wyandotte Minorca Andalusian Hamburg Game Bantam Duck Pullet Cockerel Hen Cock second third reserve Wool Woollen yarn Westport Coal Leyland-O'Brien Timber Coromal Sugar Colonial Sugar Golden Bay Cement Kauri Gum Consolidated Dentral Mt. Lyell Wilson's Cement Waihi Lease Mining Queen Manawatu Bank Shares Bonds Pigeons Orpington Leghorn Wyandotte Minorca Andalusian Hamburg Game Bantam Duck Pullet Cockerel Hen Cock second third reserve
Wool Woollen yarn Westport Coal Leyland-O'Brien Timber Coromal Sugar Colonial Sugar Golden Bay Cement Kauri Gum Consolidated Dentral Mt. Lyell Wilson's Cement Waihi Lease Mining Queen Manawatu Bank Shares Bonds Pigeons Orpington Leghorn Wyandotte Minorca Andalusian Hamburg Game Bantam Duck Pullet Cockerel Hen Cock second third reserve Wool Woollen yarn Westport Coal Leyland-O'Brien Timber Coromal Sugar Colonial Sugar Golden Bay Cement Kauri Gum Consolidated Dentral Mt. Lyell Wilson's Cement Waihi Lease Mining Queen Manawatu Bank Shares Bonds Pigeons Orpington Leghorn Wyandotte Minorca Andalusian Hamburg Game Bantam Duck Pullet Cockerel Hen Cock second third reserve Wool Woollen yarn Westport Coal Leyland-O'Brien Timber Coromal Sugar Colonial Sugar Golden Bay Cement Kauri Gum Consolidated Dentral Mt. Lyell Wilson's Cement Waihi Lease Mining Queen Manawatu Bank Shares Bonds Pigeons Orpington Leghorn Wyandotte Minorca Andalusian Hamburg Game Bantam Duck Pullet Cockerel Hen Cock second third reserve Wool Woollen yarn Westport Coal Leyland-O'Brien Timber Coromal Sugar Colonial Sugar Golden Bay Cement Kauri Gum Consolidated Dentral Mt. Lyell Wilson's Cement Waihi Lease Mining Queen Manawatu Bank Shares Bonds Pigeons Orpington Leghorn Wyandotte Minorca Andalusian Hamburg Game Bantam Duck Pullet Cockerel Hen Cock second third reserve
Wool Woollen yarn Westport Coal Leyland-O'Brien Timber Coromal Sugar Colonial Sugar Golden Bay Cement Kauri Gum Consolidated Dentral Mt. Lyell Wilson's Cement Waihi Lease Mining Queen Manawatu Bank Shares Bonds Pigeons Orpington Leghorn Wyandotte Minorca Andalusian Hamburg Game Bantam Duck Pullet Cockerel Hen Cock second third reserve Wool Woollen yarn Westport Coal Leyland-O'Brien Timber Coromal Sugar Colonial Sugar Golden Bay Cement Kauri Gum Consolidated Dentral Mt. Lyell Wilson's Cement Waihi Lease Mining Queen Manawatu Bank Shares Bonds Pigeons Orpington Leghorn Wyandotte Minorca Andalusian Hamburg Game Bantam Duck Pullet Cockerel Hen Cock second third reserve
Wool Woollen yarn Westport Coal Leyland-O'Brien Timber Coromal Sugar Colonial Sugar Golden Bay Cement Kauri Gum Consolidated Dentral Mt. Lyell Wilson's Cement Waihi Lease Mining Queen Manawatu Bank Shares Bonds Pigeons Orpington Leghorn Wyandotte Minorca Andalusian Hamburg Game Bantam Duck Pullet Cockerel Hen Cock second third reserve Wool Woollen yarn Westport Coal Leyland-O'Brien Timber Coromal Sugar Colonial Sugar Golden Bay Cement Kauri Gum Consolidated Dentral Mt. Lyell Wilson's Cement Waihi Lease Mining Queen Manawatu Bank Shares Bonds Pigeons Orpington Leghorn Wyandotte Minorca Andalusian Hamburg Game Bantam Duck Pullet Cockerel Hen Cock second third reserve Wool Woollen yarn Westport Coal Leyland-O'Brien Timber Coromal Sugar Colonial Sugar Golden Bay Cement Kauri Gum Consolidated Dentral Mt. Lyell Wilson's Cement Waihi Lease Mining Queen Manawatu Bank Shares Bonds Pigeons Orpington Leghorn Wyandotte Minorca Andalusian Hamburg Game Bantam Duck Pullet Cockerel Hen Cock second third reserve
Game and Gamebirds.
Wool Woollen yarn Westport Coal Leyland-O'Brien Timber Coromal Sugar Colonial Sugar Golden Bay Cement Kauri Gum Consolidated Dentral Mt. Lyell Wilson's Cement Waihi Lease Mining Queen Manawatu Bank Shares Bonds Pigeons Orpington Leghorn Wyandotte Minorca Andalusian Hamburg Game Bantam Duck Pullet Cockerel Hen Cock second third reserve Wool Woollen yarn Westport Coal Leyland-O'Brien Timber Coromal Sugar Colonial Sugar Golden Bay Cement Kauri Gum Consolidated Dentral Mt. Lyell Wilson's Cement Waihi Lease Mining Queen Manawatu Bank Shares Bonds Pigeons Orpington Leghorn Wyandotte Minorca Andalusian Hamburg Game Bantam Duck Pullet Cockerel Hen Cock second third reserve Wool Woollen yarn Westport Coal Leyland-O'Brien Timber Coromal Sugar Colonial Sugar Golden Bay Cement Kauri Gum Consolidated Dentral Mt. Lyell Wilson's Cement Waihi Lease Mining Queen Manawatu Bank Shares Bonds Pigeons Orpington Leghorn Wyandotte Minorca Andalusian Hamburg Game Bantam Duck Pullet Cockerel Hen Cock second third reserve Wool Woollen yarn Westport Coal Leyland-O'Brien Timber Coromal Sugar Colonial Sugar Golden Bay Cement Kauri Gum Consolidated Dentral Mt. Lyell Wilson's Cement Waihi Lease Mining Queen Manawatu Bank Shares Bonds Pigeons Orpington Leghorn Wyandotte Minorca Andalusian Hamburg Game Bantam Duck Pullet Cockerel Hen Cock second third reserve
Wool Woollen yarn Westport Coal Leyland-O'Brien Timber Coromal Sugar Colonial Sugar Golden Bay Cement Kauri Gum Consolidated Dentral Mt. Lyell Wilson's Cement Waihi Lease Mining Queen Manawatu Bank Shares Bonds Pigeons Orpington Leghorn Wyandotte Minorca Andalusian Hamburg Game Bantam Duck Pullet Cockerel Hen Cock second third reserve Wool Woollen yarn Westport Coal Leyland-O'Brien Timber Coromal Sugar Colonial Sugar Golden Bay Cement Kauri Gum Consolidated Dentral Mt. Lyell Wilson's Cement Waihi Lease Mining Queen Manawatu Bank Shares Bonds Pigeons Orpington Leghorn Wyandotte Minorca Andalusian Hamburg Game Bantam Duck Pullet Cockerel Hen Cock second third reserve
Wool Woollen yarn Westport Coal Leyland-O'Brien Timber Coromal Sugar Colonial Sugar Golden Bay Cement Kauri Gum Consolidated Dentral Mt. Lyell Wilson's Cement Waihi Lease Mining Queen Manawatu Bank Shares Bonds Pigeons Orpington Leghorn Wyandotte Minorca Andalusian Hamburg Game Bantam Duck Pullet Cockerel Hen Cock second third reserve Wool Woollen yarn Westport Coal Leyland-O'Brien Timber Coromal Sugar Colonial Sugar Golden Bay Cement Kauri Gum Consolidated Dentral Mt. Lyell Wilson's Cement Waihi Lease Mining Queen Manawatu Bank Shares Bonds Pigeons Orpington Leghorn Wyandotte Minorca Andalusian Hamburg Game Bantam Duck Pullet Cockerel Hen Cock second third reserve Wool Woollen yarn Westport Coal Leyland-O'Brien Timber Coromal Sugar Colonial Sugar Golden Bay Cement Kauri Gum Consolidated Dentral Mt. Lyell Wilson's Cement Waihi Lease Mining Queen Manawatu Bank Shares Bonds Pigeons Orpington Leghorn Wyandotte Minorca Andalusian Hamburg Game Bantam Duck Pullet Cockerel Hen Cock second third reserve
Pigeons.
Wool Woollen yarn Westport Coal Leyland-O'Brien Timber Coromal Sugar Colonial Sugar Golden Bay Cement Kauri Gum Consolidated Dentral Mt. Lyell Wilson's Cement Waihi Lease Mining Queen Manawatu Bank Shares Bonds Pigeons Orpington Leghorn Wyandotte Minorca Andalusian Hamburg Game Bantam Duck Pullet Cockerel Hen Cock second third reserve Wool Woollen yarn Westport Coal Leyland-O'Brien Timber Coromal Sugar Colonial Sugar Golden Bay Cement Kauri Gum Consolidated Dentral Mt. Lyell Wilson's Cement Waihi Lease Mining Queen Manawatu Bank Shares Bonds Pigeons Orpington Leghorn Wyandotte Minorca Andalusian Hamburg Game Bantam Duck Pullet Cockerel Hen Cock second third reserve Wool Woollen yarn Westport Coal Leyland-O'Brien Timber Coromal Sugar Colonial Sugar Golden Bay Cement Kauri Gum Consolidated Dentral Mt. Lyell Wilson's Cement Waihi Lease Mining Queen Manawatu Bank Shares Bonds Pigeons Orpington Leghorn Wyandotte Minorca Andalusian Hamburg Game Bantam Duck Pullet Cockerel Hen Cock second third reserve Wool Woollen yarn Westport Coal Leyland-O'Brien Timber Coromal Sugar Colonial Sugar Golden Bay Cement Kauri Gum Consolidated Dentral Mt. Lyell Wilson's Cement Waihi Lease Mining Queen Manawatu Bank Shares Bonds Pigeons Orpington Leghorn Wyandotte Minorca Andalusian Hamburg Game Bantam Duck Pullet Cockerel Hen Cock second third reserve
Wool Woollen yarn Westport Coal Leyland-O'Brien Timber Coromal Sugar Colonial Sugar Golden Bay Cement Kauri Gum Consolidated Dentral Mt. Lyell Wilson's Cement Waihi Lease Mining Queen Manawatu Bank Shares Bonds Pigeons Orpington Leghorn Wyandotte Minorca Andalusian Hamburg Game Bantam Duck Pullet Cockerel Hen Cock second third reserve Wool Woollen yarn Westport Coal Leyland-O'Brien Timber Coromal Sugar Colonial Sugar Golden Bay Cement Kauri Gum Consolidated Dentral Mt. Lyell Wilson's Cement Waihi Lease Mining Queen Manawatu Bank Shares Bonds Pigeons Orpington Leghorn Wyandotte Minorca Andalusian Hamburg Game Bantam Duck Pullet Cockerel Hen Cock second third reserve
Wool Woollen yarn Westport Coal Leyland-O'Brien Timber Coromal Sugar Colonial Sugar Golden Bay Cement Kauri Gum Consolidated Dentral Mt. Lyell Wilson's Cement Waihi Lease Mining Queen Manawatu Bank Shares Bonds Pigeons Orpington Leghorn Wyandotte Minorca Andalusian Hamburg Game Bantam Duck Pullet Cockerel Hen Cock second third reserve Wool Woollen yarn Westport Coal Leyland-O'Brien Timber Coromal Sugar Colonial Sugar Golden Bay Cement Kauri Gum Consolidated Dentral Mt. Lyell Wilson's Cement Waihi Lease Mining Queen Manawatu Bank Shares Bonds Pigeons Orpington Leghorn Wyandotte Minorca Andalusian Hamburg Game Bantam Duck Pullet Cockerel Hen Cock second third reserve Wool Woollen yarn Westport Coal Leyland-O'Brien Timber Coromal Sugar Colonial Sugar Golden Bay Cement Kauri Gum Consolidated Dentral Mt. Lyell Wilson's Cement Waihi Lease Mining Queen Manawatu Bank Shares Bonds Pigeons Orpington Leghorn Wyandotte Minorca Andalusian Hamburg Game Bantam Duck Pullet Cockerel Hen Cock second third reserve
Wool Woollen yarn Westport Coal Leyland-O'Brien Timber Coromal Sugar Colonial Sugar Golden Bay Cement Kauri Gum Consolidated Dentral Mt. Lyell Wilson's Cement Waihi Lease Mining Queen Manawatu Bank Shares Bonds Pigeons Orpington Leghorn Wyandotte Minorca Andalusian Hamburg Game Bantam Duck Pullet Cockerel Hen Cock second third reserve Wool Woollen yarn Westport Coal Leyland-O'Brien Timber Coromal Sugar Colonial Sugar Golden Bay Cement Kauri Gum Consolidated Dentral Mt. Lyell Wilson's Cement Waihi Lease Mining Queen Manawatu Bank Shares Bonds Pigeons Orpington Leghorn Wyandotte Minorca Andalusian Hamburg Game Bantam Duck Pullet Cockerel Hen Cock second third reserve Wool Woollen yarn Westport Coal Leyland-O'Brien Timber Coromal Sugar Colonial Sugar Golden Bay Cement Kauri Gum Consolidated Dentral Mt. Lyell Wilson's Cement Waihi Lease Mining Queen Manawatu Bank Shares Bonds Pigeons Orpington Leghorn Wyandotte Minorca Andalusian Hamburg Game Bantam Duck Pullet Cockerel Hen Cock second third reserve Wool Woollen yarn Westport Coal Leyland-O'Brien Timber Coromal Sugar Colonial Sugar Golden Bay Cement Kauri Gum Consolidated Dentral Mt. Lyell Wilson's Cement Waihi Lease Mining Queen Manawatu Bank Shares Bonds Pigeons Orpington Leghorn Wyandotte Minorca Andalusian Hamburg Game Bantam Duck Pullet Cockerel Hen Cock second third reserve
Wool Woollen yarn Westport Coal Leyland-O'Brien Timber Coromal Sugar Colonial Sugar Golden Bay Cement Kauri Gum Consolidated Dentral Mt. Lyell Wilson's Cement Waihi Lease Mining Queen Manawatu Bank Shares Bonds Pigeons Orpington Leghorn Wyandotte Minorca Andalusian Hamburg Game Bantam Duck Pullet Cockerel Hen Cock second third reserve Wool Woollen yarn Westport Coal Leyland-O'Brien Timber Coromal Sugar Colonial Sugar Golden Bay Cement Kauri Gum Consolidated Dentral Mt. Lyell Wilson's Cement Waihi Lease Mining Queen Manawatu Bank Shares Bonds Pigeons Orpington Leghorn Wyandotte Minorca Andalusian Hamburg Game Bantam Duck Pullet Cockerel Hen Cock second third reserve
Wool Woollen yarn Westport Coal Leyland-O'Brien Timber Coromal Sugar Colonial Sugar Golden Bay Cement Kauri Gum Consolidated Dentral Mt. Lyell Wilson's Cement Waihi Lease Mining Queen Manawatu Bank Shares Bonds Pigeons Orpington Leghorn Wyandotte Minorca Andalusian Hamburg Game Bantam Duck Pullet Cockerel Hen Cock second third reserve Wool Woollen yarn Westport Coal Leyland-O'Brien Timber Coromal Sugar Colonial Sugar Golden Bay Cement Kauri Gum Consolidated Dentral Mt. Lyell Wilson's Cement Waihi Lease Mining Queen Manawatu Bank Shares Bonds Pigeons Orpington Leghorn Wyandotte Minorca Andalusian Hamburg Game Bantam Duck Pullet Cockerel Hen Cock second third reserve Wool Woollen yarn Westport Coal Leyland-O'Brien Timber Coromal Sugar Colonial Sugar Golden Bay Cement Kauri Gum Consolidated Dentral Mt. Lyell Wilson's Cement Waihi Lease Mining Queen Manawatu Bank Shares Bonds Pigeons Orpington Leghorn Wyandotte Minorca Andalusian Hamburg Game Bantam Duck Pullet Cockerel Hen Cock second third reserve
Canaries and Cage Birds.
Wool Woollen yarn Westport Coal Leyland-O'Brien Timber Coromal Sugar Colonial Sugar Golden Bay Cement Kauri Gum Consolidated Dentral Mt. Lyell Wilson's Cement Waihi Lease Mining Queen Manawatu Bank Shares Bonds Pigeons Orpington Leghorn Wyandotte Minorca Andalusian Hamburg Game Bantam Duck Pullet Cockerel Hen Cock second third reserve Wool Woollen yarn Westport Coal Leyland-O'Brien Timber Coromal Sugar Colonial Sugar Golden Bay Cement Kauri Gum Consolidated Dentral Mt. Lyell Wilson's Cement Waihi Lease Mining Queen Manawatu Bank Shares Bonds Pigeons Orpington Leghorn Wyandotte Minorca Andalusian Hamburg Game Bantam Duck Pullet Cockerel Hen Cock second third reserve Wool Woollen yarn Westport Coal Leyland-O'Brien Timber Coromal Sugar Colonial Sugar Golden Bay Cement Kauri Gum Consolidated Dentral Mt. Lyell Wilson's Cement Waihi Lease Mining Queen Manawatu Bank Shares Bonds Pigeons Orpington Leghorn Wyandotte Minorca Andalusian Hamburg Game Bantam Duck Pullet Cockerel Hen Cock second third reserve Wool Woollen yarn Westport Coal Leyland-O'Brien Timber Coromal Sugar Colonial Sugar Golden Bay Cement Kauri Gum Consolidated Dentral Mt. Lyell Wilson's Cement Waihi Lease Mining Queen Manawatu Bank Shares Bonds Pigeons Orpington Leghorn Wyandotte Minorca Andalusian Hamburg Game Bantam Duck Pullet Cockerel Hen Cock second third reserve
Wool Woollen yarn Westport Coal Leyland-O'Brien Timber Coromal Sugar Colonial Sugar Golden Bay Cement Kauri Gum Consolidated Dentral Mt. Lyell Wilson's Cement Waihi Lease Mining Queen Manawatu Bank Shares Bonds Pigeons Orpington Leghorn Wyandotte Minorca Andalusian Hamburg Game Bantam Duck Pullet Cockerel Hen Cock second third reserve Wool Woollen yarn Westport Coal Leyland-O'Brien Timber Coromal Sugar Colonial Sugar Golden Bay Cement Kauri Gum Consolidated Dentral Mt. Lyell Wilson's Cement Waihi Lease Mining Queen Manawatu Bank Shares Bonds Pigeons Orpington Leghorn Wyandotte Minorca Andalusian Hamburg Game Bantam Duck Pullet Cockerel Hen Cock second third reserve
Wool Woollen yarn Westport Coal Leyland-O'Brien Timber Coromal Sugar Colonial Sugar Golden Bay Cement Kauri Gum Consolidated Dentral Mt. Lyell Wilson's Cement Waihi Lease Mining Queen Manawatu Bank Shares Bonds Pigeons Orpington Leghorn Wyandotte Minorca Andalusian Hamburg Game Bantam Duck Pullet Cockerel Hen Cock second third reserve Wool Woollen yarn Westport Coal Leyland-O'Brien Timber Coromal Sugar Colonial Sugar Golden Bay Cement Kauri Gum Consolidated Dentral Mt. Lyell Wilson's Cement Waihi Lease Mining Queen Manawatu Bank Shares Bonds Pigeons Orpington Leghorn Wyandotte Minorca Andalusian Hamburg Game Bantam Duck Pullet Cockerel Hen Cock second third reserve Wool Woollen yarn Westport Coal Leyland-O'Brien Timber Coromal Sugar Colonial Sugar Golden Bay Cement Kauri Gum Consolidated Dentral Mt. Lyell Wilson's Cement Waihi Lease Mining Queen Manawatu Bank Shares Bonds Pigeons Orpington Leghorn Wyandotte Minorca Andalusian Hamburg Game Bantam Duck Pullet Cockerel Hen Cock second third reserve
Wool Woollen yarn Westport Coal Leyland-O'Brien Timber Coromal Sugar Colonial Sugar Golden Bay Cement Kauri Gum Consolidated Dentral Mt. Lyell Wilson's Cement Waihi Lease Mining Queen Manawatu Bank Shares Bonds Pigeons Orpington Leghorn Wyandotte Minorca Andalusian Hamburg Game Bantam Duck Pullet Cockerel Hen Cock second third reserve Wool Woollen yarn Westport Coal Leyland-O'Brien Timber Coromal Sugar Colonial Sugar Golden Bay Cement Kauri Gum Consolidated Dentral Mt. Lyell Wilson's Cement Waihi Lease Mining Queen Manawatu Bank Shares Bonds Pigeons Orpington Leghorn Wyandotte Minorca Andalusian Hamburg Game Bantam Duck Pullet Cockerel Hen Cock second third reserve Wool Woollen yarn Westport Coal Leyland-O'Brien Timber Coromal Sugar Colonial Sugar Golden Bay Cement Kauri Gum Consolidated Dentral Mt. Lyell Wilson's Cement Waihi Lease Mining Queen Manawatu Bank Shares Bonds Pigeons Orpington Leghorn Wyandotte Minorca Andalusian Hamburg Game Bantam Duck Pullet Cockerel Hen Cock second third reserve Wool Woollen yarn Westport Coal Leyland-O'Brien Timber Coromal Sugar Colonial Sugar Golden Bay Cement Kauri Gum Consolidated Dentral Mt. Lyell Wilson's Cement Waihi Lease Mining Queen Manawatu Bank Shares Bonds Pigeons Orpington Leghorn Wyandotte Minorca Andalusian Hamburg Game Bantam Duck Pullet Cockerel Hen Cock second third reserve
Hoppers.
Wool Woollen yarn Westport Coal Leyland-O'Brien Timber Coromal Sugar Colonial Sugar Golden Bay Cement Kauri Gum Consolidated Dentral Mt. Lyell Wilson's Cement Waihi Lease Mining Queen Manawatu Bank Shares Bonds Pigeons Orpington Leghorn Wyandotte Minorca Andalusian Hamburg Game Bantam Duck Pullet Cockerel Hen Cock second third reserve Wool Woollen yarn Westport Coal Leyland-O'Brien Timber Coromal Sugar Colonial Sugar Golden Bay Cement Kauri Gum Consolidated Dentral Mt. Lyell Wilson's Cement Waihi Lease Mining Queen Manawatu Bank Shares Bonds Pigeons Orpington Leghorn Wyandotte Minorca Andalusian Hamburg Game Bantam Duck Pullet Cockerel Hen Cock second third reserve
Wool Woollen yarn Westport Coal Leyland-O'Brien Timber Coromal Sugar Colonial Sugar Golden Bay Cement Kauri Gum Consolidated Dentral Mt. Lyell Wilson's Cement Waihi Lease Mining Queen Manawatu Bank Shares Bonds Pigeons Orpington Leghorn Wyandotte Minorca Andalusian Hamburg Game Bantam Duck Pullet Cockerel Hen Cock second third reserve Wool Woollen yarn Westport Coal Leyland-O'Brien Timber Coromal Sugar Colonial Sugar Golden Bay Cement Kauri Gum Consolidated Dentral Mt. Lyell Wilson's Cement Waihi Lease Mining Queen Manawatu Bank Shares Bonds Pigeons Orpington Leghorn Wyandotte Minorca Andalusian Hamburg Game Bantam Duck Pullet Cockerel Hen Cock second third reserve Wool Woollen yarn Westport Coal Leyland-O'Brien Timber Coromal Sugar Colonial Sugar Golden Bay Cement Kauri Gum Consolidated Dentral Mt. Lyell Wilson's Cement Waihi Lease Mining Queen Manawatu Bank Shares Bonds Pigeons Orpington Leghorn Wyandotte Minorca Andalusian Hamburg Game Bantam Duck Pullet Cockerel Hen Cock second third reserve
Wool Woollen yarn Westport Coal Leyland-O'Brien Timber Coromal Sugar Colonial Sugar Golden Bay Cement Kauri Gum Consolidated Dentral Mt. Lyell Wilson's Cement Waihi Lease Mining Queen Manawatu Bank Shares Bonds Pigeons Orpington Leghorn Wyandotte Minorca Andalusian Hamburg Game Bantam Duck Pullet Cockerel Hen Cock second third reserve Wool Woollen yarn Westport Coal Leyland-O'Brien Timber Coromal Sugar Colonial Sugar Golden Bay Cement Kauri Gum Consolidated Dentral Mt. Lyell Wilson's Cement Waihi Lease Mining Queen Manawatu Bank Shares Bonds Pigeons Orpington Leghorn Wyandotte Minorca Andalusian Hamburg Game Bantam Duck Pullet Cockerel Hen Cock second third reserve Wool Woollen yarn Westport Coal Leyland-O'Brien Timber Coromal Sugar Colonial Sugar Golden Bay Cement Kauri Gum Consolidated Dentral Mt. Lyell Wilson's Cement Waihi Lease Mining Queen Manawatu Bank Shares Bonds Pigeons Orpington Leghorn Wyandotte Minorca Andalusian Hamburg Game Bantam Duck Pullet Cockerel Hen Cock second third reserve Wool Woollen yarn Westport Coal Leyland-O'Brien Timber Coromal Sugar Colonial Sugar Golden Bay Cement Kauri Gum Consolidated Dentral Mt. Lyell Wilson's Cement Waihi Lease Mining Queen Manawatu Bank Shares Bonds Pigeons Orpington Leghorn Wyandotte Minorca Andalusian Hamburg Game Bantam Duck Pullet Cockerel Hen Cock second third reserve
Yorkshires.
Wool Woollen yarn Westport Coal Leyland-O'Brien Timber Coromal Sugar Colonial Sugar Golden Bay Cement Kauri Gum Consolidated Dentral Mt. Lyell Wilson's Cement Waihi Lease Mining Queen Manawatu Bank Shares Bonds Pigeons Orpington Leghorn Wyandotte Minorca Andalusian Hamburg Game Bantam Duck Pullet Cockerel Hen Cock second third reserve Wool Woollen yarn Westport Coal Leyland-O'Brien Timber Coromal Sugar Colonial Sugar Golden Bay Cement Kauri Gum Consolidated Dentral Mt. Lyell Wilson's Cement Waihi Lease Mining Queen Manawatu Bank Shares Bonds Pigeons Orpington Leghorn Wyandotte Minorca Andalusian Hamburg Game Bantam Duck Pullet Cockerel Hen Cock second third reserve
Wool Woollen yarn Westport Coal Leyland-O'Brien Timber Coromal Sugar Colonial Sugar Golden Bay Cement Kauri Gum Consolidated Dentral Mt. Lyell Wilson's Cement Waihi Lease Mining Queen Manawatu Bank Shares Bonds Pigeons Orpington Leghorn Wyandotte Minorca Andalusian Hamburg Game Bantam Duck Pullet Cockerel Hen Cock second third reserve Wool Woollen yarn Westport Coal Leyland-O'Brien Timber Coromal Sugar Colonial Sugar Golden Bay Cement Kauri Gum Consolidated Dentral Mt. Lyell Wilson's Cement Waihi Lease Mining Queen Manawatu Bank Shares Bonds Pigeons Orpington Leghorn Wyandotte Minorca Andalusian Hamburg Game Bantam Duck Pullet Cockerel Hen Cock second third reserve Wool Woollen yarn Westport Coal Leyland-O'Brien Timber Coromal Sugar Colonial Sugar Golden Bay Cement Kauri Gum Consolidated Dentral Mt. Lyell Wilson's Cement Waihi Lease Mining Queen Manawatu Bank Shares Bonds Pigeons Orpington Leghorn Wyandotte Minorca Andalusian Hamburg Game Bantam Duck Pullet Cockerel Hen Cock second third reserve
Wool Woollen yarn Westport Coal Leyland-O'Brien Timber Coromal Sugar Colonial Sugar Golden Bay Cement Kauri Gum Consolidated Dentral Mt. Lyell Wilson's Cement Waihi Lease Mining Queen Manawatu Bank Shares Bonds Pigeons Orpington Leghorn Wyandotte Minorca Andalusian Hamburg Game Bantam Duck Pullet Cockerel Hen Cock second third reserve Wool Woollen yarn Westport Coal Leyland-O'Brien Timber Coromal Sugar Colonial Sugar Golden Bay Cement Kauri Gum Consolidated Dentral Mt. Lyell Wilson's Cement Waihi Lease Mining Queen Manawatu Bank Shares Bonds Pigeons Orpington Leghorn Wyandotte Minorca Andalusian Hamburg Game Bantam Duck Pullet Cockerel Hen Cock second third reserve Wool Woollen yarn Westport Coal Leyland-O'Brien Timber Coromal Sugar Colonial Sugar Golden Bay Cement Kauri Gum Consolidated Dentral Mt. Lyell Wilson's Cement Waihi Lease Mining Queen Manawatu Bank Shares Bonds Pigeons Orpington Leghorn Wyandotte Minorca Andalusian Hamburg Game Bantam Duck Pullet Cockerel Hen Cock second third reserve Wool Woollen yarn Westport Coal Leyland-O'Brien Timber Coromal Sugar Colonial Sugar Golden Bay Cement Kauri Gum Consolidated Dentral Mt. Lyell Wilson's Cement Waihi Lease Mining Queen Manawatu Bank Shares Bonds Pigeons Orpington Leghorn Wyandotte Minorca Andalusian Hamburg Game Bantam Duck Pullet Cockerel Hen Cock second third reserve
Belgians.
Wool Woollen yarn Westport Coal Leyland-O'Brien Timber Coromal Sugar Colonial Sugar Golden Bay Cement Kauri Gum Consolidated Dentral Mt. Lyell Wilson's Cement Waihi Lease Mining Queen Manawatu Bank Shares Bonds Pigeons Orpington Leghorn Wyandotte Minorca Andalusian Hamburg Game Bantam Duck Pullet Cockerel Hen Cock second third reserve Wool Woollen yarn Westport Coal Leyland-O'Brien Timber Coromal Sugar Colonial Sugar Golden Bay Cement Kauri Gum Consolidated Dentral Mt. Lyell Wilson's Cement Waihi Lease Mining Queen Manawatu Bank Shares Bonds Pigeons Orpington Leghorn Wyandotte Minorca Andalusian Hamburg Game Bantam Duck Pullet Cockerel Hen Cock second third reserve
Wool Woollen yarn Westport Coal Leyland-O'Brien Timber Coromal Sugar Colonial Sugar Golden Bay Cement Kauri Gum Consolidated Dentral Mt. Lyell Wilson's Cement Waihi Lease Mining Queen Manawatu Bank Shares Bonds Pigeons Orpington Leghorn Wyandotte Minorca Andalusian Hamburg Game Bantam Duck Pullet Cockerel Hen Cock second third reserve Wool Woollen yarn Westport Coal Leyland-O'Brien Timber Coromal Sugar Colonial Sugar Golden Bay Cement Kauri Gum Consolidated Dentral Mt. Lyell Wilson's Cement Waihi Lease Mining Queen Manawatu Bank Shares Bonds Pigeons Orpington Leghorn Wyandotte Minorca Andalusian Hamburg Game Bantam Duck Pullet Cockerel Hen Cock second third reserve Wool Woollen yarn Westport Coal Leyland-O'Brien Timber Coromal Sugar Colonial Sugar Golden Bay Cement Kauri Gum Consolidated Dentral Mt. Lyell Wilson's Cement Waihi Lease Mining Queen Manawatu Bank Shares Bonds Pigeons Orpington Leghorn Wyandotte Minorca Andalusian Hamburg Game Bantam Duck Pullet Cockerel Hen Cock second third reserve
Lizard.
Wool Woollen yarn Westport Coal Leyland-O'Brien Timber Coromal Sugar Colonial Sugar Golden Bay Cement Kauri Gum Consolidated Dentral Mt. Lyell Wilson's Cement Waihi Lease Mining Queen Manawatu Bank Shares Bonds Pigeons Orpington Leghorn Wyandotte Minorca Andalusian Hamburg Game Bantam Duck Pullet Cockerel Hen Cock second third reserve Wool Woollen yarn Westport Coal Leyland-O'Brien Timber Coromal Sugar Colonial Sugar Golden Bay Cement Kauri Gum Consolidated Dentral Mt. Lyell Wilson's Cement Waihi Lease Mining Queen Manawatu Bank Shares Bonds Pigeons Orpington Leghorn Wyandotte Minorca Andalusian Hamburg Game Bantam Duck Pullet Cockerel Hen Cock second third reserve Wool Woollen yarn Westport Coal Leyland-O'Brien Timber Coromal Sugar Colonial Sugar Golden Bay Cement Kauri Gum Consolidated Dentral Mt. Lyell Wilson's Cement Waihi Lease Mining Queen Manawatu Bank Shares Bonds Pigeons Orpington Leghorn Wyandotte Minorca Andalusian Hamburg Game Bantam Duck Pullet Cockerel Hen Cock second third reserve Wool Woollen yarn Westport Coal Leyland-O'Brien Timber Coromal Sugar Colonial Sugar Golden Bay Cement Kauri Gum Consolidated Dentral Mt. Lyell Wilson's Cement Waihi Lease Mining Queen Manawatu Bank Shares Bonds Pigeons Orpington Leghorn Wyandotte Minorca Andalusian Hamburg Game Bantam Duck Pullet Cockerel Hen Cock second third reserve
Wool Woollen yarn Westport Coal Leyland-O'Brien Timber Coromal Sugar Colonial Sugar Golden Bay Cement Kauri Gum Consolidated Dentral Mt. Lyell Wilson's Cement Waihi Lease Mining Queen Manawatu Bank Shares Bonds Pigeons Orpington Leghorn Wyandotte Minorca Andalusian Hamburg Game Bantam Duck Pullet Cockerel Hen Cock second third reserve Wool Woollen yarn Westport Coal Leyland-O'Brien Timber Coromal Sugar Colonial Sugar Golden Bay Cement Kauri Gum Consolidated Dentral Mt. Lyell Wilson's Cement Waihi Lease Mining Queen Manawatu Bank Shares Bonds Pigeons Orpington Leghorn Wyandotte Minorca Andalusian Hamburg Game Bantam Duck Pullet Cockerel Hen Cock second third reserve
Wool Woollen yarn Westport Coal Leyland-O'Brien Timber Coromal Sugar Colonial Sugar Golden Bay Cement Kauri Gum Consolidated Dentral Mt. Lyell Wilson's Cement Waihi Lease Mining Queen Manawatu Bank Shares Bonds Pigeons Orpington Leghorn Wyandotte Minorca Andalusian Hamburg Game Bantam Duck Pullet Cockerel Hen Cock second third reserve Wool Woollen yarn Westport Coal Leyland-O'Brien Timber Coromal Sugar Colonial Sugar Golden Bay Cement Kauri Gum Consolidated Dentral Mt. Lyell Wilson's Cement Waihi Lease Mining Queen Manawatu Bank Shares Bonds Pigeons Orpington Leghorn Wyandotte Minorca Andalusian Hamburg Game Bantam Duck Pullet Cockerel Hen Cock second third reserve Wool Woollen yarn Westport Coal Leyland-O'Brien Timber Coromal Sugar Colonial Sugar Golden Bay Cement Kauri Gum Consolidated Dentral Mt. Lyell Wilson's Cement Waihi Lease Mining Queen Manawatu Bank Shares Bonds Pigeons Orpington Leghorn Wyandotte Minorca Andalusian Hamburg Game Bantam Duck Pullet Cockerel Hen Cock second third reserve
“IL TROVATORE”
NOTABLE PERFORMANCE BY CHORAL UNION
Wool Woollen yarn Westport Coal Leyland-O'Brien Timber Coromal Sugar Colonial Sugar Golden Bay Cement Kauri Gum Consolidated Dentral Mt. Lyell Wilson's Cement Waihi Lease Mining Queen Manawatu Bank Shares Bonds Pigeons Orpington Leghorn Wyandotte Minorca Andalusian Hamburg Game Bantam Duck Pullet Cockerel Hen Cock second third reserve Wool Woollen yarn Westport Coal Leyland-O'Brien Timber Coromal Sugar Colonial Sugar Golden Bay Cement Kauri Gum Consolidated Dentral Mt. Lyell Wilson's Cement Waihi Lease Mining Queen Manawatu Bank Shares Bonds Pigeons Orpington Leghorn Wyandotte Minorca Andalusian Hamburg Game Bantam Duck Pullet Cockerel Hen Cock second third reserve Wool Woollen yarn Westport Coal Leyland-O'Brien Timber Coromal Sugar Colonial Sugar Golden Bay Cement Kauri Gum Consolidated Dentral Mt. Lyell Wilson's Cement Waihi Lease Mining Queen Manawatu Bank Shares Bonds Pigeons Orpington Leghorn Wyandotte Minorca Andalusian Hamburg Game Bantam Duck Pullet Cockerel Hen Cock second third reserve Wool Woollen yarn Westport Coal Leyland-O'Brien Timber Coromal Sugar Colonial Sugar Golden Bay Cement Kauri Gum Consolidated Dentral Mt. Lyell Wilson's Cement Waihi Lease Mining Queen Manawatu Bank Shares Bonds Pigeons Orpington Leghorn Wyandotte Minorca Andalusian Hamburg Game Bantam Duck Pullet Cockerel Hen Cock second third reserve
Wool Woollen yarn Westport Coal Leyland-O'Brien Timber Coromal Sugar Colonial Sugar Golden Bay Cement Kauri Gum Consolidated Dentral Mt. Lyell Wilson's Cement Waihi Lease Mining Queen Manawatu Bank Shares Bonds Pigeons Orpington Leghorn Wyandotte Minorca Andalusian Hamburg Game Bantam Duck Pullet Cockerel Hen Cock second third reserve Wool Woollen yarn Westport Coal Leyland-O'Brien Timber Coromal Sugar Colonial Sugar Golden Bay Cement Kauri Gum Consolidated Dentral Mt. Lyell Wilson's Cement Waihi Lease Mining Queen Manawatu Bank Shares Bonds Pigeons Orpington Leghorn Wyandotte Minorca Andalusian Hamburg Game Bantam Duck Pullet Cockerel Hen Cock second third reserve
Wool Woollen yarn Westport Coal Leyland-O'Brien Timber Coromal Sugar Colonial Sugar Golden Bay Cement Kauri Gum Consolidated Dentral Mt. Lyell Wilson's Cement Waihi Lease Mining Queen Manawatu Bank Shares Bonds Pigeons Orpington Leghorn Wyandotte Minorca Andalusian Hamburg Game Bantam Duck Pullet Cockerel Hen Cock second third reserve Wool Woollen yarn Westport Coal Leyland-O'Brien Timber Coromal Sugar Colonial Sugar Golden Bay Cement Kauri Gum Consolidated Dentral Mt. Lyell Wilson's Cement Waihi Lease Mining Queen Manawatu Bank Shares Bonds Pigeons Orpington Leghorn Wyandotte Minorca Andalusian Hamburg Game Bantam Duck Pullet Cockerel Hen Cock second third reserve Wool Woollen yarn Westport Coal Leyland-O'Brien Timber Coromal Sugar Colonial Sugar Golden Bay Cement Kauri Gum Consolidated Dentral Mt. Lyell Wilson's Cement Waihi Lease Mining Queen Manawatu Bank Shares Bonds Pigeons Orpington Leghorn Wyandotte Minorca Andalusian Hamburg Game Bantam Duck Pullet Cockerel Hen Cock second third reserve
Wool Woollen yarn Westport Coal Leyland-O'Brien Timber Coromal Sugar Colonial Sugar Golden Bay Cement Kauri Gum Consolidated Dentral Mt. Lyell Wilson's Cement Waihi Lease Mining Queen Manawatu Bank Shares Bonds Pigeons Orpington Leghorn Wyandotte Minorca Andalusian Hamburg Game Bantam Duck Pullet Cockerel Hen Cock second third reserve Wool Woollen yarn Westport Coal Leyland-O'Brien Timber Coromal Sugar Colonial Sugar Golden Bay Cement Kauri Gum Consolidated Dentral Mt. Lyell Wilson's Cement Waihi Lease Mining Queen Manawatu Bank Shares Bonds Pigeons Orpington Leghorn Wyandotte Minorca Andalusian Hamburg Game Bantam Duck Pullet Cockerel Hen Cock second third reserve Wool Woollen yarn Westport Coal Leyland-O'Brien Timber Coromal Sugar Colonial Sugar Golden Bay Cement Kauri Gum Consolidated Dentral Mt. Lyell Wilson's Cement Waihi Lease Mining Queen Manawatu Bank Shares Bonds Pigeons Orpington Leghorn Wyandotte Minorca Andalusian Hamburg Game Bantam Duck Pullet Cockerel Hen Cock second third reserve Wool Woollen yarn Westport Coal Leyland-O'Brien Timber Coromal Sugar Colonial Sugar Golden Bay Cement Kauri Gum Consolidated Dentral Mt. Lyell Wilson's Cement Waihi Lease Mining Queen Manawatu Bank Shares Bonds Pigeons Orpington Leghorn Wyandotte Minorca Andalusian Hamburg Game Bantam Duck Pullet Cockerel Hen Cock second third reserve
Wool Woollen yarn Westport Coal Leyland-O'Brien Timber Coromal Sugar Colonial Sugar Golden Bay Cement Kauri Gum Consolidated Dentral Mt. Lyell Wilson's Cement Waihi Lease Mining Queen Manawatu Bank Shares Bonds Pigeons Orpington Leghorn Wyandotte Minorca Andalusian Hamburg Game Bantam Duck Pullet Cockerel Hen Cock second third reserve Wool Woollen yarn Westport Coal Leyland-O'Brien Timber Coromal Sugar Colonial Sugar Golden Bay Cement Kauri Gum Consolidated Dentral Mt. Lyell Wilson's Cement Waihi Lease Mining Queen Manawatu Bank Shares Bonds Pigeons Orpington Leghorn Wyandotte Minorca Andalusian Hamburg Game Bantam Duck Pullet Cockerel Hen Cock second third reserve
Wool Woollen yarn Westport Coal Leyland-O'Brien Timber Coromal Sugar Colonial Sugar Golden Bay Cement Kauri Gum Consolidated Dentral Mt. Lyell Wilson's Cement Waihi Lease Mining Queen Manawatu Bank Shares Bonds Pigeons Orpington Leghorn Wyandotte Minorca Andalusian Hamburg Game Bantam Duck Pullet Cockerel Hen Cock second third reserve Wool Woollen yarn Westport Coal Leyland-O'Brien Timber Coromal Sugar Colonial Sugar Golden Bay Cement Kauri Gum Consolidated Dentral Mt. Lyell Wilson's Cement Waihi Lease Mining Queen Manawatu Bank Shares Bonds Pigeons Orpington Leghorn Wyandotte Minorca Andalusian Hamburg Game Bantam Duck Pullet Cockerel Hen Cock second third reserve Wool Woollen yarn Westport Coal Leyland-O'Brien Timber Coromal Sugar Colonial Sugar Golden Bay Cement Kauri Gum Consolidated Dentral Mt. Lyell Wilson's Cement Waihi Lease Mining Queen Manawatu Bank Shares Bonds Pigeons Orpington Leghorn Wyandotte Minorca Andalusian Hamburg Game Bantam Duck Pullet Cockerel Hen Cock second third reserve
Wool Woollen yarn Westport Coal Leyland-O'Brien Timber Coromal Sugar Colonial Sugar Golden Bay Cement Kauri Gum Consolidated Dentral Mt. Lyell Wilson's Cement Waihi Lease Mining Queen Manawatu Bank Shares Bonds Pigeons Orpington Leghorn Wyandotte Minorca Andalusian Hamburg Game Bantam Duck Pullet Cockerel Hen Cock second third reserve Wool Woollen yarn Westport Coal Leyland-O'Brien Timber Coromal Sugar Colonial Sugar Golden Bay Cement Kauri Gum Consolidated Dentral Mt. Lyell Wilson's Cement Waihi Lease Mining Queen Manawatu Bank Shares Bonds Pigeons Orpington Leghorn Wyandotte Minorca Andalusian Hamburg Game Bantam Duck Pullet Cockerel Hen Cock second third reserve Wool Woollen yarn Westport Coal Leyland-O'Brien Timber Coromal Sugar Colonial Sugar Golden Bay Cement Kauri Gum Consolidated Dentral Mt. Lyell Wilson's Cement Waihi Lease Mining Queen Manawatu Bank Shares Bonds Pigeons Orpington Leghorn Wyandotte Minorca Andalusian Hamburg Game Bantam Duck Pullet Cockerel Hen Cock second third reserve Wool Woollen yarn Westport Coal Leyland-O'Brien Timber Coromal Sugar Colonial Sugar Golden Bay Cement Kauri Gum Consolidated Dentral Mt. Lyell Wilson's Cement Waihi Lease Mining Queen Manawatu Bank Shares Bonds Pigeons Orpington Leghorn Wyandotte Minorca Andalusian Hamburg Game Bantam Duck Pullet Cockerel Hen Cock second third reserve
Wool Woollen yarn Westport Coal Leyland-O'Brien Timber Coromal Sugar Colonial Sugar Golden Bay Cement Kauri Gum Consolidated Dentral Mt. Lyell Wilson's Cement Waihi Lease Mining Queen Manawatu Bank Shares Bonds Pigeons Orpington Leghorn Wyandotte Minorca Andalusian Hamburg Game Bantam Duck Pullet Cockerel Hen Cock second third reserve Wool Woollen yarn Westport Coal Leyland-O'Brien Timber Coromal Sugar Colonial Sugar Golden Bay Cement Kauri Gum Consolidated Dentral Mt. Lyell Wilson's Cement Waihi Lease Mining Queen Manawatu Bank Shares Bonds Pigeons Orpington Leghorn Wyandotte Minorca Andalusian Hamburg Game Bantam Duck Pullet Cockerel Hen Cock second third reserve
HUTT RIVER BOARD
Wool Woollen yarn Westport Coal Leyland-O'Brien Timber Coromal Sugar Colonial Sugar Golden Bay Cement Kauri Gum Consolidated Dentral Mt. Lyell Wilson's Cement Waihi Lease Mining Queen Manawatu Bank Shares Bonds Pigeons Orpington Leghorn Wyandotte Minorca Andalusian Hamburg Game Bantam Duck Pullet Cockerel Hen Cock second third reserve Wool Woollen yarn Westport Coal Leyland-O'Brien Timber Coromal Sugar Colonial Sugar Golden Bay Cement Kauri Gum Consolidated Dentral Mt. Lyell Wilson's Cement Waihi Lease Mining Queen Manawatu Bank Shares Bonds Pigeons Orpington Leghorn Wyandotte Minorca Andalusian Hamburg Game Bantam Duck Pullet Cockerel Hen Cock second third reserve Wool Woollen yarn Westport Coal Leyland-O'Brien Timber Coromal Sugar Colonial Sugar Golden Bay Cement Kauri Gum Consolidated Dentral Mt. Lyell Wilson's Cement Waihi Lease Mining Queen Manawatu Bank Shares Bonds Pigeons Orpington Leghorn Wyandotte Minorca Andalusian Hamburg Game Bantam Duck Pullet Cockerel Hen Cock second third reserve
Wool Woollen yarn Westport Coal Leyland-O'Brien Timber Coromal Sugar Colonial Sugar Golden Bay Cement Kauri Gum Consolidated Dentral Mt. Lyell Wilson's Cement Waihi Lease Mining Queen Manawatu Bank Shares Bonds Pigeons Orpington Leghorn Wyandotte Minorca Andalusian Hamburg Game Bantam Duck Pullet Cockerel Hen Cock second third reserve Wool Woollen yarn Westport Coal Leyland-O'Brien Timber Coromal Sugar Colonial Sugar Golden Bay Cement Kauri Gum Consolidated Dentral Mt. Lyell Wilson's Cement Waihi Lease Mining Queen Manawatu Bank Shares Bonds Pigeons Orpington Leghorn Wyandotte Minorca Andalusian Hamburg Game Bantam Duck Pullet Cockerel Hen Cock second third reserve Wool Woollen yarn Westport Coal Leyland-O'Brien Timber Coromal Sugar Colonial Sugar Golden Bay Cement Kauri Gum Consolidated Dentral Mt. Lyell Wilson's Cement Waihi Lease Mining Queen Manawatu Bank Shares Bonds Pigeons Orpington Leghorn Wyandotte Minorca Andalusian Hamburg Game Bantam Duck Pullet Cockerel Hen Cock second third reserve Wool Woollen yarn Westport Coal Leyland-O'Brien Timber Coromal Sugar Colonial Sugar Golden Bay Cement Kauri Gum Consolidated Dentral Mt. Lyell Wilson's Cement Waihi Lease Mining Queen Manawatu Bank Shares Bonds Pigeons Orpington Leghorn Wyandotte Minorca Andalusian Hamburg Game Bantam Duck Pullet Cockerel Hen Cock second third reserve
Wool Woollen yarn Westport Coal Leyland-O'Brien Timber Coromal Sugar Colonial Sugar Golden Bay Cement Kauri Gum Consolidated Dentral Mt. Lyell Wilson's Cement Waihi Lease Mining Queen Manawatu Bank Shares Bonds Pigeons Orpington Leghorn Wyandotte Minorca Andalusian Hamburg Game Bantam Duck Pullet Cockerel Hen Cock second third reserve Wool Woollen yarn Westport Coal Leyland-O'Brien Timber Coromal Sugar Colonial Sugar Golden Bay Cement Kauri Gum Consolidated Dentral Mt. Lyell Wilson's Cement Waihi Lease Mining Queen Manawatu Bank Shares Bonds Pigeons Orpington Leghorn Wyandotte Minorca Andalusian Hamburg Game Bantam Duck Pullet Cockerel Hen Cock second third reserve
Wool Woollen yarn Westport Coal Leyland-O'Brien Timber Coromal Sugar Colonial Sugar Golden Bay Cement Kauri Gum Consolidated Dentral Mt. Lyell Wilson's Cement Waihi Lease Mining Queen Manawatu Bank Shares Bonds Pigeons Orpington Leghorn Wyandotte Minorca Andalusian Hamburg Game Bantam Duck Pullet Cockerel Hen Cock second third reserve Wool Woollen yarn Westport Coal Leyland-O'Brien Timber Coromal Sugar Colonial Sugar Golden Bay Cement Kauri Gum Consolidated Dentral Mt. Lyell Wilson's Cement Waihi Lease Mining Queen Manawatu Bank Shares Bonds Pigeons Orpington Leghorn Wyandotte Minorca Andalusian Hamburg Game Bantam Duck Pullet Cockerel Hen Cock second third reserve Wool Woollen yarn Westport Coal Leyland-O'Brien Timber Coromal Sugar Colonial Sugar Golden Bay Cement Kauri Gum Consolidated Dentral Mt. Lyell Wilson's Cement Waihi Lease Mining Queen Manawatu Bank Shares Bonds Pigeons Orpington Leghorn Wyandotte Minorca Andalusian Hamburg Game Bantam Duck Pullet Cockerel Hen Cock second third reserve
Wool Woollen yarn Westport Coal Leyland-O'Brien Timber Coromal Sugar Colonial Sugar Golden Bay Cement Kauri Gum Consolidated Dentral Mt. Lyell Wilson's Cement Waihi Lease Mining Queen Manawatu Bank Shares Bonds Pigeons Orpington Leghorn Wyandotte Minorca Andalusian Hamburg Game Bantam Duck Pullet Cockerel Hen Cock second third reserve Wool Woollen yarn Westport Coal Leyland-O'Brien Timber Coromal Sugar Colonial Sugar Golden Bay Cement Kauri Gum Consolidated Dentral Mt. Lyell Wilson's Cement Waihi Lease Mining Queen Manawatu Bank Shares Bonds Pigeons Orpington Leghorn Wyandotte Minorca Andalusian Hamburg Game Bantam Duck Pullet Cockerel Hen Cock second third reserve Wool Woollen yarn Westport Coal Leyland-O'Brien Timber Coromal Sugar Colonial Sugar Golden Bay Cement Kauri Gum Consolidated Dentral Mt. Lyell Wilson's Cement Waihi Lease Mining Queen Manawatu Bank Shares Bonds Pigeons Orpington Leghorn Wyandotte Minorca Andalusian Hamburg Game Bantam Duck Pullet Cockerel Hen Cock second third reserve Wool Woollen yarn Westport Coal Leyland-O'Brien Timber Coromal Sugar Colonial Sugar Golden Bay Cement Kauri Gum Consolidated Dentral Mt. Lyell Wilson's Cement Waihi Lease Mining Queen Manawatu Bank Shares Bonds Pigeons Orpington Leghorn Wyandotte Minorca Andalusian Hamburg Game Bantam Duck Pullet Cockerel Hen Cock second third reserve
Wool Woollen yarn Westport Coal Leyland-O'Brien Timber Coromal Sugar Colonial Sugar Golden Bay Cement Kauri Gum Consolidated Dentral Mt. Lyell Wilson's Cement Waihi Lease Mining Queen Manawatu Bank Shares Bonds Pigeons Orpington Leghorn Wyandotte Minorca Andalusian Hamburg Game Bantam Duck Pullet Cockerel Hen Cock second third reserve Wool Woollen yarn Westport Coal Leyland-O'Brien Timber Coromal Sugar Colonial Sugar Golden Bay Cement Kauri Gum Consolidated Dentral Mt. Lyell Wilson's Cement Waihi Lease Mining Queen Manawatu Bank Shares Bonds Pigeons Orpington Leghorn Wyandotte Minorca Andalusian Hamburg Game Bantam Duck Pullet Cockerel Hen Cock second third reserve
TOURIST RESORTS.
LEVIATHAN HOTEL
Wool Woollen yarn Westport Coal Leyland-O'Brien Timber Coromal Sugar Colonial Sugar Golden Bay Cement Kauri Gum Consolidated Dentral Mt. Lyell Wilson's Cement Waihi Lease Mining Queen Manawatu Bank Shares Bonds Pigeons Orpington Leghorn Wyandotte Minorca Andalusian Hamburg Game Bantam Duck Pullet Cockerel Hen Cock second third reserve Wool Woollen yarn Westport Coal Leyland-O'Brien Timber Coromal Sugar Colonial Sugar Golden Bay Cement Kauri Gum Consolidated Dentral Mt. Lyell Wilson's Cement Waihi Lease Mining Queen Manawatu Bank Shares Bonds Pigeons Orpington Leghorn Wyandotte Minorca Andalusian Hamburg Game Bantam Duck Pullet Cockerel Hen Cock second third reserve Wool Woollen yarn Westport Coal Leyland-O'Brien Timber Coromal Sugar Colonial Sugar Golden Bay Cement Kauri Gum Consolidated Dentral Mt. Lyell Wilson's Cement Waihi Lease Mining Queen Manawatu Bank Shares Bonds Pigeons Orpington Leghorn Wyandotte Minorca Andalusian Hamburg Game Bantam Duck Pullet Cockerel Hen Cock second third reserve
HOTEL GRAND CENTRAL
Wool Woollen yarn Westport Coal Leyland-O'Brien Timber Coromal Sugar Colonial Sugar Golden Bay Cement Kauri Gum Consolidated Dentral Mt. Lyell Wilson's Cement Waihi Lease Mining Queen Manawatu Bank Shares Bonds Pigeons Orpington Leghorn Wyandotte Minorca Andalusian Hamburg Game Bantam Duck Pullet Cockerel Hen Cock second third reserve Wool Woollen yarn Westport Coal Leyland-O'Brien Timber Coromal Sugar Colonial Sugar Golden Bay Cement Kauri Gum Consolidated Dentral Mt. Lyell Wilson's Cement Waihi Lease Mining Queen Manawatu Bank Shares Bonds Pigeons Orpington Leghorn Wyandotte Minorca Andalusian Hamburg Game Bantam Duck Pullet Cockerel Hen Cock second third reserve Wool Woollen yarn Westport Coal Leyland-O'Brien Timber Coromal Sugar Colonial Sugar Golden Bay Cement Kauri Gum Consolidated Dentral Mt. Lyell Wilson's Cement Waihi Lease Mining Queen Manawatu Bank Shares Bonds Pigeons Orpington Leghorn Wyandotte Minorca Andalusian Hamburg Game Bantam Duck Pullet Cockerel Hen Cock second third reserve Wool Woollen yarn Westport Coal Leyland-O'Brien Timber Coromal Sugar Colonial Sugar Golden Bay Cement Kauri Gum Consolidated Dentral Mt. Lyell Wilson's Cement Waihi Lease Mining Queen Manawatu Bank Shares Bonds Pigeons Orpington Leghorn Wyandotte Minorca Andalusian Hamburg Game Bantam Duck Pullet Cockerel Hen Cock second third reserve
CARGEN HOTEL, AUCKLAND.
Wool Woollen yarn Westport Coal Leyland-O'Brien Timber Coromal Sugar Colonial Sugar Golden Bay Cement Kauri Gum Consolidated Dentral Mt. Lyell Wilson's Cement Waihi Lease Mining Queen Manawatu Bank Shares Bonds Pigeons Orpington Leghorn Wyandotte Minorca Andalusian Hamburg Game Bantam Duck Pullet Cockerel Hen Cock second third reserve Wool Woollen yarn Westport Coal Leyland-O'Brien Timber Coromal Sugar Colonial Sugar Golden Bay Cement Kauri Gum Consolidated Dentral Mt. Lyell Wilson's Cement Waihi Lease Mining Queen Manawatu Bank Shares Bonds Pigeons Orpington Leghorn Wyandotte Minorca Andalusian Hamburg Game Bantam Duck Pullet Cockerel Hen Cock second third reserve
MANSIONS PRIVATE HOTEL
Wool Woollen yarn Westport Coal Leyland-O'Brien Timber Coromal Sugar Colonial Sugar Golden Bay Cement Kauri Gum Consolidated Dentral Mt. Lyell Wilson's Cement Waihi Lease Mining Queen Manawatu Bank Shares Bonds Pigeons Orpington Leghorn Wyandotte Minorca Andalusian Hamburg Game Bantam Duck Pullet Cockerel Hen Cock second third reserve Wool Woollen yarn Westport Coal Leyland-O'Brien Timber Coromal Sugar Colonial Sugar Golden Bay Cement Kauri Gum Consolidated Dentral Mt. Lyell Wilson's Cement Waihi Lease Mining Queen Manawatu Bank Shares Bonds Pigeons Orpington Leghorn Wyandotte Minorca Andalusian Hamburg Game Bantam Duck Pullet Cockerel Hen Cock second third reserve Wool Woollen yarn Westport Coal Leyland-O'Brien Timber Coromal Sugar Colonial Sugar Golden Bay Cement Kauri Gum Consolidated Dentral Mt. Lyell Wilson's Cement Waihi Lease Mining Queen Manawatu Bank Shares Bonds Pigeons Orpington Leghorn Wyandotte Minorca Andalusian Hamburg Game Bantam Duck Pullet Cockerel Hen Cock second third reserve
NAPIER.
Wool Woollen yarn Westport Coal Leyland-O'Brien Timber Coromal Sugar Colonial Sugar Golden Bay Cement Kauri Gum Consolidated Dentral Mt. Lyell Wilson's Cement Waihi Lease Mining Queen Manawatu Bank Shares Bonds Pigeons Orpington Leghorn Wyandotte Minorca Andalusian Hamburg Game Bantam Duck Pullet Cockerel Hen Cock second third reserve Wool Woollen yarn Westport Coal Leyland-O'Brien Timber Coromal Sugar Colonial Sugar Golden Bay Cement Kauri Gum Consolidated Dentral Mt. Lyell Wilson's Cement Waihi Lease Mining Queen Manawatu Bank Shares Bonds Pigeons Orpington Leghorn Wyandotte Minorca Andalusian Hamburg Game Bantam Duck Pullet Cockerel Hen Cock second third reserve Wool Woollen yarn Westport Coal Leyland-O'Brien Timber Coromal Sugar Colonial Sugar Golden Bay Cement Kauri Gum Consolidated Dentral Mt. Lyell Wilson's Cement Waihi Lease Mining Queen Manawatu Bank Shares Bonds Pigeons Orpington Leghorn Wyandotte Minorca Andalusian Hamburg Game Bantam Duck Pullet Cockerel Hen Cock second third reserve Wool Woollen yarn Westport Coal Leyland-O'Brien Timber Coromal Sugar Colonial Sugar Golden Bay Cement Kauri Gum Consolidated Dentral Mt. Lyell Wilson's Cement Waihi Lease Mining Queen Manawatu Bank Shares Bonds Pigeons Orpington Leghorn Wyandotte Minorca Andalusian Hamburg Game Bantam Duck Pullet Cockerel Hen Cock second third reserve
THE OAKLANDS
Wool Woollen yarn Westport Coal Leyland-O'Brien Timber Coromal Sugar Colonial Sugar Golden Bay Cement Kauri Gum Consolidated Dentral Mt. Lyell Wilson's Cement Waihi Lease Mining Queen Manawatu Bank Shares Bonds Pigeons Orpington Leghorn Wyandotte Minorca Andalusian Hamburg Game Bantam Duck Pullet Cockerel Hen Cock second third reserve Wool Woollen yarn Westport Coal Leyland-O'Brien Timber Coromal Sugar Colonial Sugar Golden Bay Cement Kauri Gum Consolidated Dentral Mt. Lyell Wilson's Cement Waihi Lease Mining Queen Manawatu Bank Shares Bonds Pigeons Orpington Leghorn Wyandotte Minorca Andalusian Hamburg Game Bantam Duck Pullet Cockerel Hen Cock second third reserve
HOTEL BRAEBURN.
PAEKAKARIKI HOTEL
Wool Woollen yarn Westport Coal Leyland-O'Brien Timber Coromal Sugar Colonial Sugar Golden Bay Cement Kauri Gum Consolidated Dentral Mt. Lyell Wilson's Cement Waihi Lease Mining Queen Manawatu Bank Shares Bonds Pigeons Orpington Leghorn Wyandotte Minorca Andalusian Hamburg Game Bantam Duck Pullet Cockerel Hen Cock second third reserve Wool Woollen yarn Westport Coal Leyland-O'Brien Timber Coromal Sugar Colonial Sugar Golden Bay Cement Kauri Gum Consolidated Dentral Mt. Lyell Wilson's Cement Waihi Lease Mining Queen Manawatu Bank Shares Bonds Pigeons Orpington Leghorn Wyandotte Minorca Andalusian Hamburg Game Bantam Duck Pullet Cockerel Hen Cock second third reserve Wool Woollen yarn Westport Coal Leyland-O'Brien Timber Coromal Sugar Colonial Sugar Golden Bay Cement Kauri Gum Consolidated Dentral Mt. Lyell Wilson's Cement Waihi Lease Mining Queen Manawatu Bank Shares Bonds Pigeons Orpington Leghorn Wyandotte Minorca Andalusian Hamburg Game Bantam Duck Pullet Cockerel Hen Cock second third reserve
PALMERSTON NORTH.
ROYAL HOTEL
Wool Woollen yarn Westport Coal Leyland-O'Brien Timber Coromal Sugar Colonial Sugar Golden Bay Cement Kauri Gum Consolidated Dentral Mt. Lyell Wilson's Cement Waihi Lease Mining Queen Manawatu Bank Shares Bonds Pigeons Orpington Leghorn Wyandotte Minorca Andalusian Hamburg Game Bantam Duck Pullet Cockerel Hen Cock second third reserve Wool Woollen yarn Westport Coal Leyland-O'Brien Timber Coromal Sugar Colonial Sugar Golden Bay Cement Kauri Gum Consolidated Dentral Mt. Lyell Wilson's Cement Waihi Lease Mining Queen Manawatu Bank Shares Bonds Pigeons Orpington Leghorn Wyandotte Minorca Andalusian Hamburg Game Bantam Duck Pullet Cockerel Hen Cock second third reserve Wool Woollen yarn Westport Coal Leyland-O'Brien Timber Coromal Sugar Colonial Sugar Golden Bay Cement Kauri Gum Consolidated Dentral Mt. Lyell Wilson's Cement Waihi Lease Mining Queen Manawatu Bank Shares Bonds Pigeons Orpington Leghorn Wyandotte Minorca Andalusian Hamburg Game Bantam Duck Pullet Cockerel Hen Cock second third reserve Wool Woollen yarn Westport Coal Leyland-O'Brien Timber Coromal Sugar Colonial Sugar Golden Bay Cement Kauri Gum Consolidated Dentral Mt. Lyell Wilson's Cement Waihi Lease Mining Queen Manawatu Bank Shares Bonds Pigeons Orpington Leghorn Wyandotte Minorca Andalusian Hamburg Game Bantam Duck Pullet Cockerel Hen Cock second third reserve
WHERE TO STAY IN CHRIST-CHURCH.
HOTEL FEDERAL,
Wool Woollen yarn Westport Coal Leyland-O'Brien Timber Coromal Sugar Colonial Sugar Golden Bay Cement Kauri Gum Consolidated Dentral Mt. Lyell Wilson's Cement Waihi Lease Mining Queen Manawatu Bank Shares Bonds Pigeons Orpington Leghorn Wyandotte Minorca Andalusian Hamburg Game Bantam Duck Pullet Cockerel Hen Cock second third reserve Wool Woollen yarn Westport Coal Leyland-O'Brien Timber Coromal Sugar Colonial Sugar Golden Bay Cement Kauri Gum Consolidated Dentral Mt. Lyell Wilson's Cement Waihi Lease Mining Queen Manawatu Bank Shares Bonds Pigeons Orpington Leghorn Wyandotte Minorca Andalusian Hamburg Game Bantam Duck Pullet Cockerel Hen Cock second third reserve
BUSINESS NOTICES.
FREEZING SHEEP AND LAMBS.
Wool Woollen yarn Westport Coal Leyland-O'Brien Timber Coromal Sugar Colonial Sugar Golden Bay Cement Kauri Gum Consolidated Dentral Mt. Lyell Wilson's Cement Waihi Lease Mining Queen Manawatu Bank Shares Bonds Pigeons Orpington Leghorn Wyandotte Minorca Andalusian Hamburg Game Bantam Duck Pullet Cockerel Hen Cock second third reserve Wool Woollen yarn Westport Coal Leyland-O'Brien Timber Coromal Sugar Colonial Sugar Golden Bay Cement Kauri Gum Consolidated Dentral Mt. Lyell Wilson's Cement Waihi Lease Mining Queen Manawatu Bank Shares Bonds Pigeons Orpington Leghorn Wyandotte Minorca Andalusian Hamburg Game Bantam Duck Pullet Cockerel Hen Cock second third reserve Wool Woollen yarn Westport Coal Leyland-O'Brien Timber Coromal Sugar Colonial Sugar Golden Bay Cement Kauri Gum Consolidated Dentral Mt. Lyell Wilson's Cement Waihi Lease Mining Queen Manawatu Bank Shares Bonds Pigeons Orpington Leghorn Wyandotte Minorca Andalusian Hamburg Game Bantam Duck Pullet Cockerel Hen Cock second third reserve
THE TYPEWRITER FOR BEAUTIFUL WORK.
Wool Woollen yarn Westport Coal Leyland-O'Brien Timber Coromal Sugar Colonial Sugar Golden Bay Cement Kauri Gum Consolidated Dentral Mt. Lyell Wilson's Cement Waihi Lease Mining Queen Manawatu Bank Shares Bonds Pigeons Orpington Leghorn Wyandotte Minorca Andalusian Hamburg Game Bantam Duck Pullet Cockerel Hen Cock second third reserve Wool Woollen yarn Westport Coal Leyland-O'Brien Timber Coromal Sugar Colonial Sugar Golden Bay Cement Kauri Gum Consolidated Dentral Mt. Lyell Wilson's Cement Waihi Lease Mining Queen Manawatu Bank Shares Bonds Pigeons Orpington Leghorn Wyandotte Minorca Andalusian Hamburg Game Bantam Duck Pullet Cockerel Hen Cock second third reserve Wool Woollen yarn Westport Coal Leyland-O'Brien Timber Coromal Sugar Colonial Sugar Golden Bay Cement Kauri Gum Consolidated Dentral Mt. Lyell Wilson's Cement Waihi Lease Mining Queen Manawatu Bank Shares Bonds Pigeons Orpington Leghorn Wyandotte Minorca Andalusian Hamburg Game Bantam Duck Pullet Cockerel Hen Cock second third reserve Wool Woollen yarn Westport Coal Leyland-O'Brien Timber Coromal Sugar Colonial Sugar Golden Bay Cement Kauri Gum Consolidated Dentral Mt. Lyell Wilson's Cement Waihi Lease Mining Queen Manawatu Bank Shares Bonds Pigeons Orpington Leghorn Wyandotte Minorca Andalusian Hamburg Game Bantam Duck Pullet Cockerel Hen Cock second third reserve
W. H. PHILP
Wool Woollen yarn Westport Coal Leyland-O'Brien Timber Coromal Sugar Colonial Sugar Golden Bay Cement Kauri Gum Consolidated Dentral Mt. Lyell Wilson's Cement Waihi Lease Mining Queen Manawatu Bank Shares Bonds Pigeons Orpington Leghorn Wyandotte Minorca Andalusian Hamburg Game Bantam Duck Pullet Cockerel Hen Cock second third reserve Wool Woollen yarn Westport Coal Leyland-O'Brien Timber Coromal Sugar Colonial Sugar Golden Bay Cement Kauri Gum Consolidated Dentral Mt. Lyell Wilson's Cement Waihi Lease Mining Queen Manawatu Bank Shares Bonds Pigeons Orpington Leghorn Wyandotte Minorca Andalusian Hamburg Game Bantam Duck Pullet Cockerel Hen Cock second third reserve
AGRICULTURAL LIME
Wool Woollen yarn Westport Coal Leyland-O'Brien Timber Coromal Sugar Colonial Sugar Golden Bay Cement Kauri Gum Consolidated Dentral Mt. Lyell Wilson's Cement Waihi Lease Mining Queen Manawatu Bank Shares Bonds Pigeons Orpington Leghorn Wyandotte Minorca Andalusian Hamburg Game Bantam Duck Pullet Cockerel Hen Cock second third reserve Wool Woollen yarn Westport Coal Leyland-O'Brien Timber Coromal Sugar Colonial Sugar Golden Bay Cement Kauri Gum Consolidated Dentral Mt. Lyell Wilson's Cement Waihi Lease Mining Queen Manawatu Bank Shares Bonds Pigeons Orpington Leghorn Wyandotte Minorca Andalusian Hamburg Game Bantam Duck Pullet Cockerel Hen Cock second third reserve Wool Woollen yarn Westport Coal Leyland-O'Brien Timber Coromal Sugar Colonial Sugar Golden Bay Cement Kauri Gum Consolidated Dentral Mt. Lyell Wilson's Cement Waihi Lease Mining Queen Manawatu Bank Shares Bonds Pigeons Orpington Leghorn Wyandotte Minorca Andalusian Hamburg Game Bantam Duck Pullet Cockerel Hen Cock second third reserve
The Farmers' Mauriceville Lime Coy., Ltd.
THERAPION No.1 THERAPION No.2 THERAPION No.3
THE BEST
Silver and E.P. Ware
IS SOUND ECONOMY
Wool Woollen yarn Westport Coal Leyland-O'Brien Timber Coromal Sugar Colonial Sugar Golden Bay Cement Kauri Gum Consolidated Dentral Mt. Lyell Wilson's Cement Waihi Lease Mining Queen Manawatu Bank Shares Bonds Pigeons Orpington Leghorn Wyandotte Minorca Andalusian Hamburg Game Bantam Duck Pullet Cockerel Hen Cock second third reserve Wool Woollen yarn Westport Coal Leyland-O'Brien Timber Coromal Sugar Colonial Sugar Golden Bay Cement Kauri Gum Consolidated Dentral Mt. Lyell Wilson's Cement Waihi Lease Mining Queen Manawatu Bank Shares Bonds Pigeons Orpington Leghorn Wyandotte Minorca Andalusian Hamburg Game Bantam Duck Pullet Cockerel Hen Cock second third reserve Wool Woollen yarn Westport Coal Leyland-O'Brien Timber Coromal Sugar Colonial Sugar Golden Bay Cement Kauri Gum Consolidated Dentral Mt. Lyell Wilson's Cement Waihi Lease Mining Queen Manawatu Bank Shares Bonds Pigeons Orpington Leghorn Wyandotte Minorca Andalusian Hamburg Game Bantam Duck Pullet Cockerel Hen Cock second third reserve Wool Woollen yarn Westport Coal Leyland-O'Brien Timber Coromal Sugar Colonial Sugar Golden Bay Cement Kauri Gum Consolidated Dentral Mt. Lyell Wilson's Cement Waihi Lease Mining Queen Manawatu Bank Shares Bonds Pigeons Orpington Leghorn Wyandotte Minorca Andalusian Hamburg Game Bantam Duck Pullet Cockerel Hen Cock second third reserve
Stewart Dawson's
STEWART DAWSON'S CORNER : WELLINGTON
A Few of the Lines You Are Looking For.
"Blue Bell" Lime Sulphur
"Blue Bell" Arsenate of Lead
Red Spraying Oil
Spray Pumps
Manures
The N.Z. Farmers' Co-op.
Distributing Co., Ltd.,
VULCANITE
Vulcanite
Roofing
Never Requires Painting—Never Needs Repairs—Investigate.
ALL LEADING STOREKEEPERS-BOOKLETS-SAMPLES
WHY HAVE LEAKY ROOFS?
REPAIR THEM PERMANENTLY AT A SMALL COST WITH
MASTACK.
APPLY THE SAME AS PUTTY, WITH A KNIFE OR TROWEL.
Smith & Smith, Ltd.
WELLINGTON.
Usher's
"Green Stripe"
Whisky
"THE SPORTING SPIRIT"
